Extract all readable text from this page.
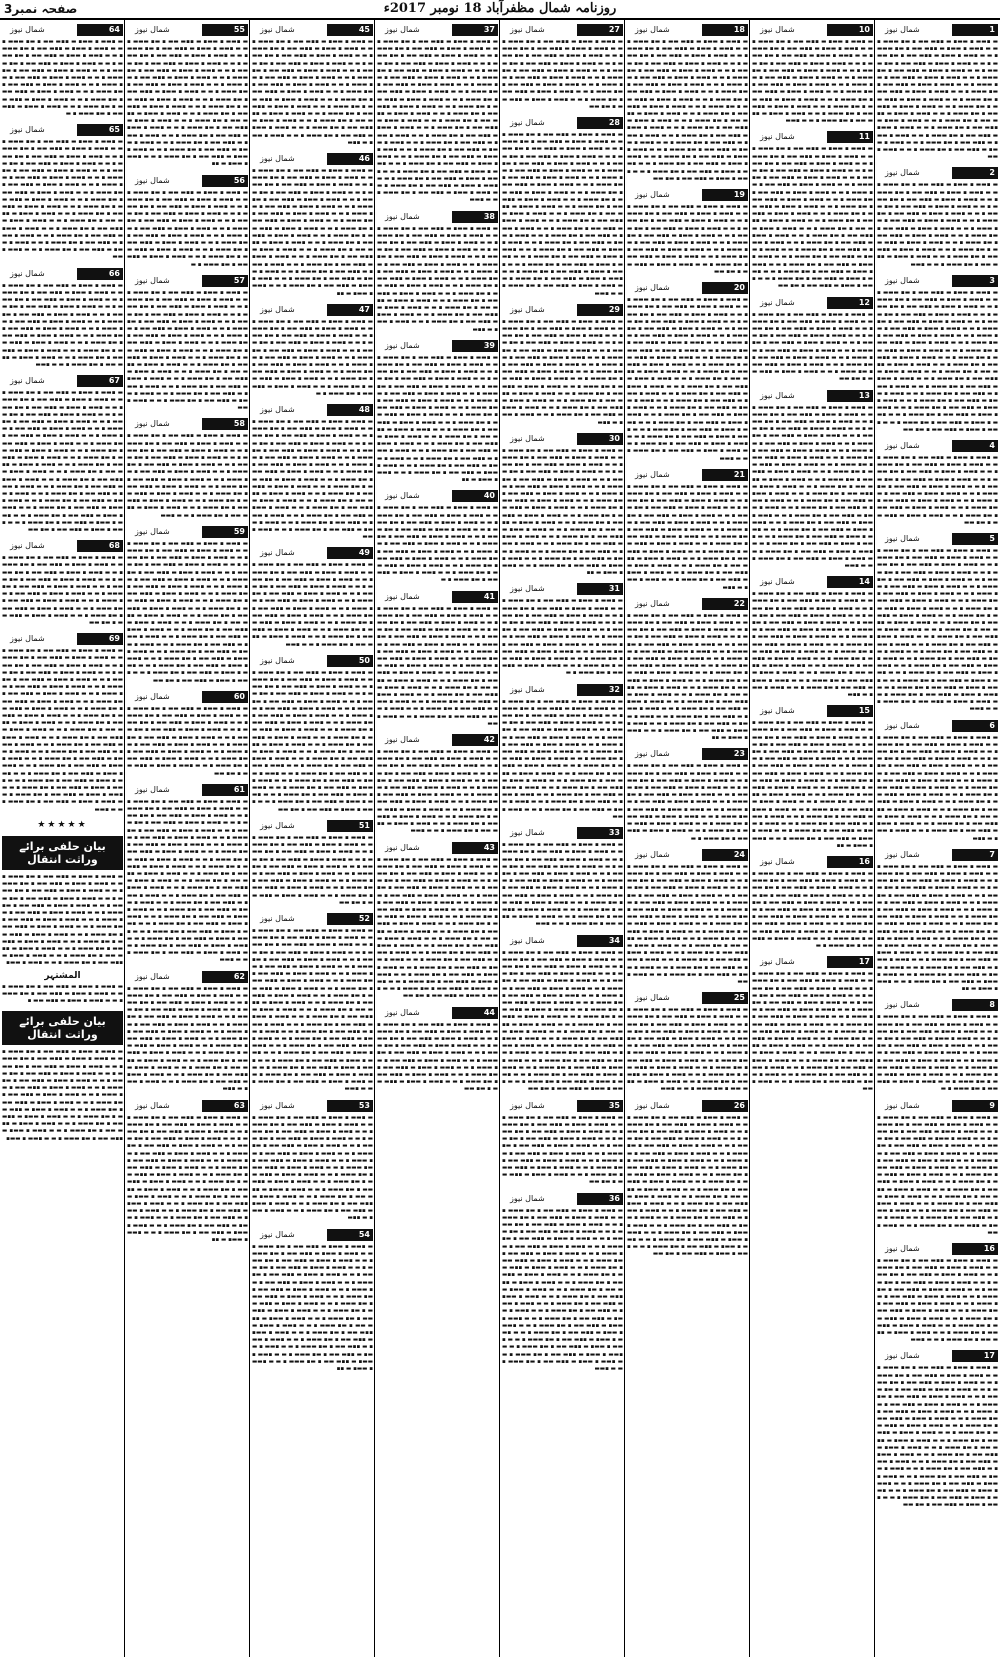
صفحہ نمبر3	روزنامہ شمال مظفرآباد 18 نومبر 2017ء
1
شمال نیوز
▬ ▪▬▬ ▪ ▬▬▪ ▬ ▪▪▬ ▬▬ ▪ ▬▪ ▬▬▬ ▪ ▬ ▬ ▪▬▬ ▪ ▬▬▪ ▬ ▪▪▬ ▬▬ ▪ ▬▪ ▬▬▬ ▪ ▬ ▬ ▪▬▬ ▪ ▬▬▪ ▬ ▪▪▬ ▬▬ ▪ ▬▪ ▬▬▬ ▪ ▬ ▬ ▪▬▬ ▪ ▬▬▪ ▬ ▪▪▬ ▬▬ ▪ ▬▪ ▬▬▬ ▪ ▬ ▬ ▪▬▬ ▪ ▬▬▪ ▬ ▪▪▬ ▬▬ ▪ ▬▪ ▬▬▬ ▪ ▬ ▬ ▪▬▬ ▪ ▬▬▪ ▬ ▪▪▬ ▬▬ ▪ ▬▪ ▬▬▬ ▪ ▬ ▬ ▪▬▬ ▪ ▬▬▪ ▬ ▪▪▬ ▬▬ ▪ ▬▪ ▬▬▬ ▪ ▬ ▬ ▪▬▬ ▪ ▬▬▪ ▬ ▪▪▬ ▬▬ ▪ ▬▪ ▬▬▬ ▪ ▬ ▬ ▪▬▬ ▪ ▬▬▪ ▬ ▪▪▬ ▬▬ ▪ ▬▪ ▬▬▬ ▪ ▬ ▬ ▪▬▬ ▪ ▬▬▪ ▬ ▪▪▬ ▬▬ ▪ ▬▪ ▬▬▬ ▪ ▬ ▬ ▪▬▬ ▪ ▬▬▪ ▬ ▪▪▬ ▬▬ ▪ ▬▪ ▬▬▬ ▪ ▬ ▬ ▪▬▬ ▪ ▬▬▪ ▬ ▪▪▬ ▬▬ ▪ ▬▪ ▬▬▬ ▪ ▬ ▬ ▪▬▬ ▪ ▬▬▪ ▬ ▪▪▬ ▬▬ ▪ ▬▪ ▬▬▬ ▪ ▬ ▬ ▪▬▬ ▪ ▬▬▪ ▬ ▪▪▬ ▬▬ ▪ ▬▪ ▬▬▬ ▪ ▬ ▬ ▪▬▬ ▪ ▬▬▪ ▬ ▪▪▬ ▬▬ ▪ ▬▪ ▬▬▬ ▪ ▬ ▬ ▪▬▬ ▪ ▬▬
2
شمال نیوز
▬ ▪▬▬ ▪ ▬▬▪ ▬ ▪▪▬ ▬▬ ▪ ▬▪ ▬▬▬ ▪ ▬ ▬ ▪▬▬ ▪ ▬▬▪ ▬ ▪▪▬ ▬▬ ▪ ▬▪ ▬▬▬ ▪ ▬ ▬ ▪▬▬ ▪ ▬▬▪ ▬ ▪▪▬ ▬▬ ▪ ▬▪ ▬▬▬ ▪ ▬ ▬ ▪▬▬ ▪ ▬▬▪ ▬ ▪▪▬ ▬▬ ▪ ▬▪ ▬▬▬ ▪ ▬ ▬ ▪▬▬ ▪ ▬▬▪ ▬ ▪▪▬ ▬▬ ▪ ▬▪ ▬▬▬ ▪ ▬ ▬ ▪▬▬ ▪ ▬▬▪ ▬ ▪▪▬ ▬▬ ▪ ▬▪ ▬▬▬ ▪ ▬ ▬ ▪▬▬ ▪ ▬▬▪ ▬ ▪▪▬ ▬▬ ▪ ▬▪ ▬▬▬ ▪ ▬ ▬ ▪▬▬ ▪ ▬▬▪ ▬ ▪▪▬ ▬▬ ▪ ▬▪ ▬▬▬ ▪ ▬ ▬ ▪▬▬ ▪ ▬▬▪ ▬ ▪▪▬ ▬▬ ▪ ▬▪ ▬▬▬ ▪ ▬ ▬ ▪▬▬ ▪ ▬▬▪ ▬ ▪▪▬ ▬▬ ▪ ▬▪ ▬▬▬ ▪ ▬ ▬ ▪▬▬ ▪ ▬▬▪ ▬ ▪▪▬ ▬▬ ▪ ▬▪ ▬▬▬ ▪ ▬ ▬ ▪▬▬
3
شمال نیوز
▬ ▪▬▬ ▪ ▬▬▪ ▬ ▪▪▬ ▬▬ ▪ ▬▪ ▬▬▬ ▪ ▬ ▬ ▪▬▬ ▪ ▬▬▪ ▬ ▪▪▬ ▬▬ ▪ ▬▪ ▬▬▬ ▪ ▬ ▬ ▪▬▬ ▪ ▬▬▪ ▬ ▪▪▬ ▬▬ ▪ ▬▪ ▬▬▬ ▪ ▬ ▬ ▪▬▬ ▪ ▬▬▪ ▬ ▪▪▬ ▬▬ ▪ ▬▪ ▬▬▬ ▪ ▬ ▬ ▪▬▬ ▪ ▬▬▪ ▬ ▪▪▬ ▬▬ ▪ ▬▪ ▬▬▬ ▪ ▬ ▬ ▪▬▬ ▪ ▬▬▪ ▬ ▪▪▬ ▬▬ ▪ ▬▪ ▬▬▬ ▪ ▬ ▬ ▪▬▬ ▪ ▬▬▪ ▬ ▪▪▬ ▬▬ ▪ ▬▪ ▬▬▬ ▪ ▬ ▬ ▪▬▬ ▪ ▬▬▪ ▬ ▪▪▬ ▬▬ ▪ ▬▪ ▬▬▬ ▪ ▬ ▬ ▪▬▬ ▪ ▬▬▪ ▬ ▪▪▬ ▬▬ ▪ ▬▪ ▬▬▬ ▪ ▬ ▬ ▪▬▬ ▪ ▬▬▪ ▬ ▪▪▬ ▬▬ ▪ ▬▪ ▬▬▬ ▪ ▬ ▬ ▪▬▬ ▪ ▬▬▪ ▬ ▪▪▬ ▬▬ ▪ ▬▪ ▬▬▬ ▪ ▬ ▬ ▪▬▬ ▪ ▬▬▪ ▬ ▪▪▬ ▬▬ ▪ ▬▪ ▬▬▬ ▪ ▬ ▬ ▪▬▬ ▪ ▬▬▪ ▬ ▪▪▬ ▬▬ ▪ ▬▪ ▬▬▬ ▪ ▬ ▬ ▪▬▬ ▪ ▬▬▪ ▬ ▪▪▬ ▬▬ ▪ ▬▪ ▬▬▬ ▪ ▬ ▬ ▪▬▬ ▪ ▬▬▪ ▬ ▪▪▬ ▬▬ ▪ ▬▪ ▬▬▬ ▪ ▬ ▬ ▪▬▬ ▪ ▬▬▪ ▬ ▪▪▬ ▬▬ ▪ ▬▪ ▬▬▬ ▪ ▬ ▬ ▪▬▬ ▪ ▬▬▪ ▬ ▪▪▬ ▬▬ ▪ ▬▪ ▬▬▬ ▪ ▬ ▬ ▪▬▬ ▪ ▬▬▪ ▬ ▪▪▬ ▬▬ ▪ ▬▪ ▬▬▬ ▪ ▬ ▬ ▪▬▬ ▪ ▬▬▪ ▬ ▪▪▬ ▬▬ ▪ ▬▪ ▬▬
4
شمال نیوز
▬ ▪▬▬ ▪ ▬▬▪ ▬ ▪▪▬ ▬▬ ▪ ▬▪ ▬▬▬ ▪ ▬ ▬ ▪▬▬ ▪ ▬▬▪ ▬ ▪▪▬ ▬▬ ▪ ▬▪ ▬▬▬ ▪ ▬ ▬ ▪▬▬ ▪ ▬▬▪ ▬ ▪▪▬ ▬▬ ▪ ▬▪ ▬▬▬ ▪ ▬ ▬ ▪▬▬ ▪ ▬▬▪ ▬ ▪▪▬ ▬▬ ▪ ▬▪ ▬▬▬ ▪ ▬ ▬ ▪▬▬ ▪ ▬▬▪ ▬ ▪▪▬ ▬▬ ▪ ▬▪ ▬▬▬ ▪ ▬ ▬ ▪▬▬ ▪ ▬▬▪ ▬ ▪▪▬ ▬▬ ▪ ▬▪ ▬▬▬ ▪ ▬ ▬ ▪▬▬ ▪ ▬▬▪ ▬ ▪▪▬ ▬▬ ▪ ▬▪ ▬▬▬ ▪ ▬ ▬ ▪▬▬ ▪ ▬▬▪ ▬ ▪▪▬ ▬▬ ▪ ▬▪ ▬▬▬ ▪ ▬ ▬ ▪▬▬ ▪ ▬▬▪ ▬ ▪▪▬ ▬▬ ▪ ▬▪ ▬▬
5
شمال نیوز
▬ ▪▬▬ ▪ ▬▬▪ ▬ ▪▪▬ ▬▬ ▪ ▬▪ ▬▬▬ ▪ ▬ ▬ ▪▬▬ ▪ ▬▬▪ ▬ ▪▪▬ ▬▬ ▪ ▬▪ ▬▬▬ ▪ ▬ ▬ ▪▬▬ ▪ ▬▬▪ ▬ ▪▪▬ ▬▬ ▪ ▬▪ ▬▬▬ ▪ ▬ ▬ ▪▬▬ ▪ ▬▬▪ ▬ ▪▪▬ ▬▬ ▪ ▬▪ ▬▬▬ ▪ ▬ ▬ ▪▬▬ ▪ ▬▬▪ ▬ ▪▪▬ ▬▬ ▪ ▬▪ ▬▬▬ ▪ ▬ ▬ ▪▬▬ ▪ ▬▬▪ ▬ ▪▪▬ ▬▬ ▪ ▬▪ ▬▬▬ ▪ ▬ ▬ ▪▬▬ ▪ ▬▬▪ ▬ ▪▪▬ ▬▬ ▪ ▬▪ ▬▬▬ ▪ ▬ ▬ ▪▬▬ ▪ ▬▬▪ ▬ ▪▪▬ ▬▬ ▪ ▬▪ ▬▬▬ ▪ ▬ ▬ ▪▬▬ ▪ ▬▬▪ ▬ ▪▪▬ ▬▬ ▪ ▬▪ ▬▬▬ ▪ ▬ ▬ ▪▬▬ ▪ ▬▬▪ ▬ ▪▪▬ ▬▬ ▪ ▬▪ ▬▬▬ ▪ ▬ ▬ ▪▬▬ ▪ ▬▬▪ ▬ ▪▪▬ ▬▬ ▪ ▬▪ ▬▬▬ ▪ ▬ ▬ ▪▬▬ ▪ ▬▬▪ ▬ ▪▪▬ ▬▬ ▪ ▬▪ ▬▬▬ ▪ ▬ ▬ ▪▬▬ ▪ ▬▬▪ ▬ ▪▪▬ ▬▬ ▪ ▬▪ ▬▬▬ ▪ ▬ ▬ ▪▬▬ ▪ ▬▬▪ ▬ ▪▪▬ ▬▬ ▪ ▬▪ ▬▬▬ ▪ ▬ ▬ ▪▬▬ ▪ ▬▬▪ ▬ ▪▪▬ ▬▬ ▪ ▬▪ ▬▬▬ ▪ ▬ ▬ ▪▬▬ ▪ ▬▬▪ ▬ ▪▪▬ ▬▬ ▪ ▬▪ ▬▬▬ ▪ ▬ ▬ ▪▬▬ ▪ ▬▬▪ ▬ ▪▪▬ ▬▬ ▪ ▬▪ ▬▬▬ ▪ ▬ ▬ ▪▬▬ ▪ ▬▬▪ ▬ ▪▪▬ ▬▬ ▪ ▬▪ ▬▬▬ ▪ ▬ ▬ ▪▬▬ ▪ ▬▬▪ ▬ ▪▪▬ ▬▬ ▪ ▬▪ ▬▬▬ ▪ ▬ ▬ ▪▬▬ ▪ ▬▬▪ ▬ ▪▪▬ ▬▬ ▪ ▬▪ ▬▬▬ ▪ ▬ ▬ ▪▬▬ ▪ ▬▬▪ ▬ ▪▪▬ ▬▬ ▪ ▬▪ ▬▬▬ ▪ ▬ ▬ ▪▬▬
6
شمال نیوز
▬ ▪▬▬ ▪ ▬▬▪ ▬ ▪▪▬ ▬▬ ▪ ▬▪ ▬▬▬ ▪ ▬ ▬ ▪▬▬ ▪ ▬▬▪ ▬ ▪▪▬ ▬▬ ▪ ▬▪ ▬▬▬ ▪ ▬ ▬ ▪▬▬ ▪ ▬▬▪ ▬ ▪▪▬ ▬▬ ▪ ▬▪ ▬▬▬ ▪ ▬ ▬ ▪▬▬ ▪ ▬▬▪ ▬ ▪▪▬ ▬▬ ▪ ▬▪ ▬▬▬ ▪ ▬ ▬ ▪▬▬ ▪ ▬▬▪ ▬ ▪▪▬ ▬▬ ▪ ▬▪ ▬▬▬ ▪ ▬ ▬ ▪▬▬ ▪ ▬▬▪ ▬ ▪▪▬ ▬▬ ▪ ▬▪ ▬▬▬ ▪ ▬ ▬ ▪▬▬ ▪ ▬▬▪ ▬ ▪▪▬ ▬▬ ▪ ▬▪ ▬▬▬ ▪ ▬ ▬ ▪▬▬ ▪ ▬▬▪ ▬ ▪▪▬ ▬▬ ▪ ▬▪ ▬▬▬ ▪ ▬ ▬ ▪▬▬ ▪ ▬▬▪ ▬ ▪▪▬ ▬▬ ▪ ▬▪ ▬▬▬ ▪ ▬ ▬ ▪▬▬ ▪ ▬▬▪ ▬ ▪▪▬ ▬▬ ▪ ▬▪ ▬▬▬ ▪ ▬ ▬ ▪▬▬ ▪ ▬▬▪ ▬ ▪▪▬ ▬▬ ▪ ▬▪ ▬▬▬ ▪ ▬ ▬ ▪▬▬ ▪ ▬▬▪ ▬ ▪▪▬ ▬▬ ▪ ▬▪ ▬▬▬ ▪ ▬ ▬ ▪▬▬ ▪ ▬▬▪ ▬ ▪▪▬ ▬▬ ▪ ▬▪ ▬▬▬ ▪ ▬ ▬ ▪▬▬ ▪ ▬▬▪ ▬ ▪▪▬
7
شمال نیوز
▬ ▪▬▬ ▪ ▬▬▪ ▬ ▪▪▬ ▬▬ ▪ ▬▪ ▬▬▬ ▪ ▬ ▬ ▪▬▬ ▪ ▬▬▪ ▬ ▪▪▬ ▬▬ ▪ ▬▪ ▬▬▬ ▪ ▬ ▬ ▪▬▬ ▪ ▬▬▪ ▬ ▪▪▬ ▬▬ ▪ ▬▪ ▬▬▬ ▪ ▬ ▬ ▪▬▬ ▪ ▬▬▪ ▬ ▪▪▬ ▬▬ ▪ ▬▪ ▬▬▬ ▪ ▬ ▬ ▪▬▬ ▪ ▬▬▪ ▬ ▪▪▬ ▬▬ ▪ ▬▪ ▬▬▬ ▪ ▬ ▬ ▪▬▬ ▪ ▬▬▪ ▬ ▪▪▬ ▬▬ ▪ ▬▪ ▬▬▬ ▪ ▬ ▬ ▪▬▬ ▪ ▬▬▪ ▬ ▪▪▬ ▬▬ ▪ ▬▪ ▬▬▬ ▪ ▬ ▬ ▪▬▬ ▪ ▬▬▪ ▬ ▪▪▬ ▬▬ ▪ ▬▪ ▬▬▬ ▪ ▬ ▬ ▪▬▬ ▪ ▬▬▪ ▬ ▪▪▬ ▬▬ ▪ ▬▪ ▬▬▬ ▪ ▬ ▬ ▪▬▬ ▪ ▬▬▪ ▬ ▪▪▬ ▬▬ ▪ ▬▪ ▬▬▬ ▪ ▬ ▬ ▪▬▬ ▪ ▬▬▪ ▬ ▪▪▬ ▬▬ ▪ ▬▪ ▬▬▬ ▪ ▬ ▬ ▪▬▬ ▪ ▬▬▪ ▬ ▪▪▬ ▬▬ ▪ ▬▪ ▬▬▬ ▪ ▬ ▬ ▪▬▬ ▪ ▬▬▪ ▬ ▪▪▬ ▬▬ ▪ ▬▪ ▬▬▬ ▪ ▬ ▬ ▪▬▬ ▪ ▬▬▪ ▬ ▪▪▬ ▬▬ ▪ ▬▪ ▬▬▬ ▪ ▬ ▬ ▪▬▬ ▪ ▬▬▪ ▬ ▪▪▬ ▬▬ ▪ ▬▪ ▬▬▬ ▪ ▬ ▬ ▪▬▬ ▪ ▬▬▪ ▬ ▪▪▬ ▬▬ ▪ ▬▪ ▬▬▬ ▪ ▬ ▬ ▪▬▬ ▪ ▬▬▪ ▬ ▪▪
8
شمال نیوز
▬ ▪▬▬ ▪ ▬▬▪ ▬ ▪▪▬ ▬▬ ▪ ▬▪ ▬▬▬ ▪ ▬ ▬ ▪▬▬ ▪ ▬▬▪ ▬ ▪▪▬ ▬▬ ▪ ▬▪ ▬▬▬ ▪ ▬ ▬ ▪▬▬ ▪ ▬▬▪ ▬ ▪▪▬ ▬▬ ▪ ▬▪ ▬▬▬ ▪ ▬ ▬ ▪▬▬ ▪ ▬▬▪ ▬ ▪▪▬ ▬▬ ▪ ▬▪ ▬▬▬ ▪ ▬ ▬ ▪▬▬ ▪ ▬▬▪ ▬ ▪▪▬ ▬▬ ▪ ▬▪ ▬▬▬ ▪ ▬ ▬ ▪▬▬ ▪ ▬▬▪ ▬ ▪▪▬ ▬▬ ▪ ▬▪ ▬▬▬ ▪ ▬ ▬ ▪▬▬ ▪ ▬▬▪ ▬ ▪▪▬ ▬▬ ▪ ▬▪ ▬▬▬ ▪ ▬ ▬ ▪▬▬ ▪ ▬▬▪ ▬ ▪▪▬ ▬▬ ▪ ▬▪ ▬▬▬ ▪ ▬ ▬ ▪▬▬ ▪ ▬▬▪ ▬ ▪▪▬ ▬▬ ▪ ▬▪ ▬▬▬ ▪ ▬ ▬ ▪▬▬ ▪ ▬▬▪ ▬ ▪▪▬ ▬▬ ▪ ▬▪ ▬▬▬ ▪ ▬
9
شمال نیوز
▬ ▪▬▬ ▪ ▬▬▪ ▬ ▪▪▬ ▬▬ ▪ ▬▪ ▬▬▬ ▪ ▬ ▬ ▪▬▬ ▪ ▬▬▪ ▬ ▪▪▬ ▬▬ ▪ ▬▪ ▬▬▬ ▪ ▬ ▬ ▪▬▬ ▪ ▬▬▪ ▬ ▪▪▬ ▬▬ ▪ ▬▪ ▬▬▬ ▪ ▬ ▬ ▪▬▬ ▪ ▬▬▪ ▬ ▪▪▬ ▬▬ ▪ ▬▪ ▬▬▬ ▪ ▬ ▬ ▪▬▬ ▪ ▬▬▪ ▬ ▪▪▬ ▬▬ ▪ ▬▪ ▬▬▬ ▪ ▬ ▬ ▪▬▬ ▪ ▬▬▪ ▬ ▪▪▬ ▬▬ ▪ ▬▪ ▬▬▬ ▪ ▬ ▬ ▪▬▬ ▪ ▬▬▪ ▬ ▪▪▬ ▬▬ ▪ ▬▪ ▬▬▬ ▪ ▬ ▬ ▪▬▬ ▪ ▬▬▪ ▬ ▪▪▬ ▬▬ ▪ ▬▪ ▬▬▬ ▪ ▬ ▬ ▪▬▬ ▪ ▬▬▪ ▬ ▪▪▬ ▬▬ ▪ ▬▪ ▬▬▬ ▪ ▬ ▬ ▪▬▬ ▪ ▬▬▪ ▬ ▪▪▬ ▬▬ ▪ ▬▪ ▬▬▬ ▪ ▬ ▬ ▪▬▬ ▪ ▬▬▪ ▬ ▪▪▬ ▬▬ ▪ ▬▪ ▬▬▬ ▪ ▬ ▬ ▪▬▬ ▪ ▬▬▪ ▬ ▪▪▬ ▬▬ ▪ ▬▪ ▬▬▬ ▪ ▬ ▬ ▪▬▬ ▪ ▬▬▪ ▬ ▪▪▬ ▬▬ ▪ ▬▪ ▬▬▬ ▪ ▬ ▬ ▪▬▬ ▪ ▬▬▪ ▬ ▪▪▬ ▬▬ ▪ ▬▪ ▬▬▬ ▪ ▬ ▬ ▪▬▬ ▪ ▬▬▪ ▬ ▪▪▬ ▬▬ ▪ ▬▪ ▬▬▬ ▪ ▬ ▬ ▪▬▬ ▪ ▬▬
16
شمال نیوز
▬ ▪▬▬ ▪ ▬▬▪ ▬ ▪▪▬ ▬▬ ▪ ▬▪ ▬▬▬ ▪ ▬ ▬ ▪▬▬ ▪ ▬▬▪ ▬ ▪▪▬ ▬▬ ▪ ▬▪ ▬▬▬ ▪ ▬ ▬ ▪▬▬ ▪ ▬▬▪ ▬ ▪▪▬ ▬▬ ▪ ▬▪ ▬▬▬ ▪ ▬ ▬ ▪▬▬ ▪ ▬▬▪ ▬ ▪▪▬ ▬▬ ▪ ▬▪ ▬▬▬ ▪ ▬ ▬ ▪▬▬ ▪ ▬▬▪ ▬ ▪▪▬ ▬▬ ▪ ▬▪ ▬▬▬ ▪ ▬ ▬ ▪▬▬ ▪ ▬▬▪ ▬ ▪▪▬ ▬▬ ▪ ▬▪ ▬▬▬ ▪ ▬ ▬ ▪▬▬ ▪ ▬▬▪ ▬ ▪▪▬ ▬▬ ▪ ▬▪ ▬▬▬ ▪ ▬ ▬ ▪▬▬ ▪ ▬▬▪ ▬ ▪▪▬ ▬▬ ▪ ▬▪ ▬▬▬ ▪ ▬ ▬ ▪▬▬ ▪ ▬▬▪ ▬ ▪▪▬ ▬▬ ▪ ▬▪ ▬▬▬ ▪ ▬ ▬ ▪▬▬ ▪ ▬▬▪ ▬ ▪▪▬ ▬▬ ▪ ▬▪ ▬▬▬ ▪ ▬ ▬ ▪▬▬ ▪ ▬▬▪ ▬ ▪▪▬ ▬▬ ▪ ▬▪ ▬▬▬ ▪ ▬ ▬ ▪▬▬
17
شمال نیوز
▬ ▪▬▬ ▪ ▬▬▪ ▬ ▪▪▬ ▬▬ ▪ ▬▪ ▬▬▬ ▪ ▬ ▬ ▪▬▬ ▪ ▬▬▪ ▬ ▪▪▬ ▬▬ ▪ ▬▪ ▬▬▬ ▪ ▬ ▬ ▪▬▬ ▪ ▬▬▪ ▬ ▪▪▬ ▬▬ ▪ ▬▪ ▬▬▬ ▪ ▬ ▬ ▪▬▬ ▪ ▬▬▪ ▬ ▪▪▬ ▬▬ ▪ ▬▪ ▬▬▬ ▪ ▬ ▬ ▪▬▬ ▪ ▬▬▪ ▬ ▪▪▬ ▬▬ ▪ ▬▪ ▬▬▬ ▪ ▬ ▬ ▪▬▬ ▪ ▬▬▪ ▬ ▪▪▬ ▬▬ ▪ ▬▪ ▬▬▬ ▪ ▬ ▬ ▪▬▬ ▪ ▬▬▪ ▬ ▪▪▬ ▬▬ ▪ ▬▪ ▬▬▬ ▪ ▬ ▬ ▪▬▬ ▪ ▬▬▪ ▬ ▪▪▬ ▬▬ ▪ ▬▪ ▬▬▬ ▪ ▬ ▬ ▪▬▬ ▪ ▬▬▪ ▬ ▪▪▬ ▬▬ ▪ ▬▪ ▬▬▬ ▪ ▬ ▬ ▪▬▬ ▪ ▬▬▪ ▬ ▪▪▬ ▬▬ ▪ ▬▪ ▬▬▬ ▪ ▬ ▬ ▪▬▬ ▪ ▬▬▪ ▬ ▪▪▬ ▬▬ ▪ ▬▪ ▬▬▬ ▪ ▬ ▬ ▪▬▬ ▪ ▬▬▪ ▬ ▪▪▬ ▬▬ ▪ ▬▪ ▬▬▬ ▪ ▬ ▬ ▪▬▬ ▪ ▬▬▪ ▬ ▪▪▬ ▬▬ ▪ ▬▪ ▬▬▬ ▪ ▬ ▬ ▪▬▬ ▪ ▬▬▪ ▬ ▪▪▬ ▬▬ ▪ ▬▪ ▬▬▬ ▪ ▬ ▬ ▪▬▬ ▪ ▬▬▪ ▬ ▪▪▬ ▬▬ ▪ ▬▪ ▬▬▬ ▪ ▬ ▬ ▪▬▬ ▪ ▬▬▪ ▬ ▪▪▬ ▬▬ ▪ ▬▪ ▬▬▬ ▪ ▬ ▬ ▪▬▬ ▪ ▬▬▪ ▬ ▪▪▬ ▬▬ ▪ ▬▪ ▬▬▬ ▪ ▬ ▬ ▪▬▬ ▪ ▬▬▪ ▬ ▪▪▬ ▬▬ ▪ ▬▪ ▬▬▬ ▪ ▬ ▬ ▪▬▬ ▪ ▬▬▪ ▬ ▪▪▬ ▬▬ ▪ ▬▪ ▬▬
10
شمال نیوز
▬ ▪▬▬ ▪ ▬▬▪ ▬ ▪▪▬ ▬▬ ▪ ▬▪ ▬▬▬ ▪ ▬ ▬ ▪▬▬ ▪ ▬▬▪ ▬ ▪▪▬ ▬▬ ▪ ▬▪ ▬▬▬ ▪ ▬ ▬ ▪▬▬ ▪ ▬▬▪ ▬ ▪▪▬ ▬▬ ▪ ▬▪ ▬▬▬ ▪ ▬ ▬ ▪▬▬ ▪ ▬▬▪ ▬ ▪▪▬ ▬▬ ▪ ▬▪ ▬▬▬ ▪ ▬ ▬ ▪▬▬ ▪ ▬▬▪ ▬ ▪▪▬ ▬▬ ▪ ▬▪ ▬▬▬ ▪ ▬ ▬ ▪▬▬ ▪ ▬▬▪ ▬ ▪▪▬ ▬▬ ▪ ▬▪ ▬▬▬ ▪ ▬ ▬ ▪▬▬ ▪ ▬▬▪ ▬ ▪▪▬ ▬▬ ▪ ▬▪ ▬▬▬ ▪ ▬ ▬ ▪▬▬ ▪ ▬▬▪ ▬ ▪▪▬ ▬▬ ▪ ▬▪ ▬▬▬ ▪ ▬ ▬ ▪▬▬ ▪ ▬▬▪ ▬ ▪▪▬ ▬▬ ▪ ▬▪ ▬▬▬ ▪ ▬ ▬ ▪▬▬ ▪ ▬▬▪ ▬ ▪▪▬ ▬▬ ▪ ▬▪ ▬▬▬ ▪ ▬ ▬ ▪▬▬ ▪ ▬▬▪ ▬ ▪▪▬ ▬▬ ▪ ▬▪ ▬▬▬ ▪ ▬ ▬ ▪▬▬
11
شمال نیوز
▬ ▪▬▬ ▪ ▬▬▪ ▬ ▪▪▬ ▬▬ ▪ ▬▪ ▬▬▬ ▪ ▬ ▬ ▪▬▬ ▪ ▬▬▪ ▬ ▪▪▬ ▬▬ ▪ ▬▪ ▬▬▬ ▪ ▬ ▬ ▪▬▬ ▪ ▬▬▪ ▬ ▪▪▬ ▬▬ ▪ ▬▪ ▬▬▬ ▪ ▬ ▬ ▪▬▬ ▪ ▬▬▪ ▬ ▪▪▬ ▬▬ ▪ ▬▪ ▬▬▬ ▪ ▬ ▬ ▪▬▬ ▪ ▬▬▪ ▬ ▪▪▬ ▬▬ ▪ ▬▪ ▬▬▬ ▪ ▬ ▬ ▪▬▬ ▪ ▬▬▪ ▬ ▪▪▬ ▬▬ ▪ ▬▪ ▬▬▬ ▪ ▬ ▬ ▪▬▬ ▪ ▬▬▪ ▬ ▪▪▬ ▬▬ ▪ ▬▪ ▬▬▬ ▪ ▬ ▬ ▪▬▬ ▪ ▬▬▪ ▬ ▪▪▬ ▬▬ ▪ ▬▪ ▬▬▬ ▪ ▬ ▬ ▪▬▬ ▪ ▬▬▪ ▬ ▪▪▬ ▬▬ ▪ ▬▪ ▬▬▬ ▪ ▬ ▬ ▪▬▬ ▪ ▬▬▪ ▬ ▪▪▬ ▬▬ ▪ ▬▪ ▬▬▬ ▪ ▬ ▬ ▪▬▬ ▪ ▬▬▪ ▬ ▪▪▬ ▬▬ ▪ ▬▪ ▬▬▬ ▪ ▬ ▬ ▪▬▬ ▪ ▬▬▪ ▬ ▪▪▬ ▬▬ ▪ ▬▪ ▬▬▬ ▪ ▬ ▬ ▪▬▬ ▪ ▬▬▪ ▬ ▪▪▬ ▬▬ ▪ ▬▪ ▬▬▬ ▪ ▬ ▬ ▪▬▬ ▪ ▬▬▪ ▬ ▪▪▬ ▬▬ ▪ ▬▪ ▬▬▬ ▪ ▬ ▬ ▪▬▬ ▪ ▬▬▪ ▬ ▪▪▬ ▬▬ ▪ ▬▪ ▬▬▬ ▪ ▬ ▬ ▪▬▬ ▪ ▬▬▪ ▬ ▪▪▬ ▬▬ ▪ ▬▪ ▬▬▬ ▪ ▬ ▬ ▪▬▬ ▪ ▬▬▪ ▬ ▪▪▬ ▬▬ ▪ ▬▪ ▬▬▬ ▪ ▬ ▬ ▪▬▬ ▪ ▬▬▪ ▬ ▪▪▬ ▬▬ ▪ ▬▪ ▬▬▬ ▪ ▬ ▬ ▪▬▬ ▪ ▬▬▪ ▬ ▪▪▬ ▬▬ ▪ ▬▪ ▬▬
12
شمال نیوز
▬ ▪▬▬ ▪ ▬▬▪ ▬ ▪▪▬ ▬▬ ▪ ▬▪ ▬▬▬ ▪ ▬ ▬ ▪▬▬ ▪ ▬▬▪ ▬ ▪▪▬ ▬▬ ▪ ▬▪ ▬▬▬ ▪ ▬ ▬ ▪▬▬ ▪ ▬▬▪ ▬ ▪▪▬ ▬▬ ▪ ▬▪ ▬▬▬ ▪ ▬ ▬ ▪▬▬ ▪ ▬▬▪ ▬ ▪▪▬ ▬▬ ▪ ▬▪ ▬▬▬ ▪ ▬ ▬ ▪▬▬ ▪ ▬▬▪ ▬ ▪▪▬ ▬▬ ▪ ▬▪ ▬▬▬ ▪ ▬ ▬ ▪▬▬ ▪ ▬▬▪ ▬ ▪▪▬ ▬▬ ▪ ▬▪ ▬▬▬ ▪ ▬ ▬ ▪▬▬ ▪ ▬▬▪ ▬ ▪▪▬ ▬▬ ▪ ▬▪ ▬▬▬ ▪ ▬ ▬ ▪▬▬ ▪ ▬▬▪ ▬ ▪▪▬ ▬▬ ▪ ▬▪ ▬▬▬ ▪ ▬ ▬ ▪▬▬ ▪ ▬▬▪ ▬ ▪▪▬ ▬▬ ▪ ▬▪ ▬▬
13
شمال نیوز
▬ ▪▬▬ ▪ ▬▬▪ ▬ ▪▪▬ ▬▬ ▪ ▬▪ ▬▬▬ ▪ ▬ ▬ ▪▬▬ ▪ ▬▬▪ ▬ ▪▪▬ ▬▬ ▪ ▬▪ ▬▬▬ ▪ ▬ ▬ ▪▬▬ ▪ ▬▬▪ ▬ ▪▪▬ ▬▬ ▪ ▬▪ ▬▬▬ ▪ ▬ ▬ ▪▬▬ ▪ ▬▬▪ ▬ ▪▪▬ ▬▬ ▪ ▬▪ ▬▬▬ ▪ ▬ ▬ ▪▬▬ ▪ ▬▬▪ ▬ ▪▪▬ ▬▬ ▪ ▬▪ ▬▬▬ ▪ ▬ ▬ ▪▬▬ ▪ ▬▬▪ ▬ ▪▪▬ ▬▬ ▪ ▬▪ ▬▬▬ ▪ ▬ ▬ ▪▬▬ ▪ ▬▬▪ ▬ ▪▪▬ ▬▬ ▪ ▬▪ ▬▬▬ ▪ ▬ ▬ ▪▬▬ ▪ ▬▬▪ ▬ ▪▪▬ ▬▬ ▪ ▬▪ ▬▬▬ ▪ ▬ ▬ ▪▬▬ ▪ ▬▬▪ ▬ ▪▪▬ ▬▬ ▪ ▬▪ ▬▬▬ ▪ ▬ ▬ ▪▬▬ ▪ ▬▬▪ ▬ ▪▪▬ ▬▬ ▪ ▬▪ ▬▬▬ ▪ ▬ ▬ ▪▬▬ ▪ ▬▬▪ ▬ ▪▪▬ ▬▬ ▪ ▬▪ ▬▬▬ ▪ ▬ ▬ ▪▬▬ ▪ ▬▬▪ ▬ ▪▪▬ ▬▬ ▪ ▬▪ ▬▬▬ ▪ ▬ ▬ ▪▬▬ ▪ ▬▬▪ ▬ ▪▪▬ ▬▬ ▪ ▬▪ ▬▬▬ ▪ ▬ ▬ ▪▬▬ ▪ ▬▬▪ ▬ ▪▪▬ ▬▬ ▪ ▬▪ ▬▬▬ ▪ ▬ ▬ ▪▬▬ ▪ ▬▬▪ ▬ ▪▪▬ ▬▬ ▪ ▬▪ ▬▬▬ ▪ ▬ ▬ ▪▬▬ ▪ ▬▬▪ ▬ ▪▪▬ ▬▬ ▪ ▬▪ ▬▬▬ ▪ ▬ ▬ ▪▬▬ ▪ ▬▬▪ ▬ ▪▪▬ ▬▬ ▪ ▬▪ ▬▬▬ ▪ ▬ ▬ ▪▬▬ ▪ ▬▬▪ ▬ ▪▪▬ ▬▬ ▪ ▬▪ ▬▬▬ ▪ ▬ ▬ ▪▬▬ ▪ ▬▬▪ ▬ ▪▪▬ ▬▬ ▪ ▬▪ ▬▬▬ ▪ ▬ ▬ ▪▬▬ ▪ ▬▬▪ ▬ ▪▪▬ ▬▬ ▪ ▬▪ ▬▬▬ ▪ ▬ ▬ ▪▬▬ ▪ ▬▬▪ ▬ ▪▪▬ ▬▬ ▪ ▬▪ ▬▬▬ ▪ ▬ ▬ ▪▬▬
14
شمال نیوز
▬ ▪▬▬ ▪ ▬▬▪ ▬ ▪▪▬ ▬▬ ▪ ▬▪ ▬▬▬ ▪ ▬ ▬ ▪▬▬ ▪ ▬▬▪ ▬ ▪▪▬ ▬▬ ▪ ▬▪ ▬▬▬ ▪ ▬ ▬ ▪▬▬ ▪ ▬▬▪ ▬ ▪▪▬ ▬▬ ▪ ▬▪ ▬▬▬ ▪ ▬ ▬ ▪▬▬ ▪ ▬▬▪ ▬ ▪▪▬ ▬▬ ▪ ▬▪ ▬▬▬ ▪ ▬ ▬ ▪▬▬ ▪ ▬▬▪ ▬ ▪▪▬ ▬▬ ▪ ▬▪ ▬▬▬ ▪ ▬ ▬ ▪▬▬ ▪ ▬▬▪ ▬ ▪▪▬ ▬▬ ▪ ▬▪ ▬▬▬ ▪ ▬ ▬ ▪▬▬ ▪ ▬▬▪ ▬ ▪▪▬ ▬▬ ▪ ▬▪ ▬▬▬ ▪ ▬ ▬ ▪▬▬ ▪ ▬▬▪ ▬ ▪▪▬ ▬▬ ▪ ▬▪ ▬▬▬ ▪ ▬ ▬ ▪▬▬ ▪ ▬▬▪ ▬ ▪▪▬ ▬▬ ▪ ▬▪ ▬▬▬ ▪ ▬ ▬ ▪▬▬ ▪ ▬▬▪ ▬ ▪▪▬ ▬▬ ▪ ▬▪ ▬▬▬ ▪ ▬ ▬ ▪▬▬ ▪ ▬▬▪ ▬ ▪▪▬ ▬▬ ▪ ▬▪ ▬▬▬ ▪ ▬ ▬ ▪▬▬ ▪ ▬▬▪ ▬ ▪▪▬ ▬▬ ▪ ▬▪ ▬▬▬ ▪ ▬ ▬ ▪▬▬ ▪ ▬▬▪ ▬ ▪▪▬ ▬▬ ▪ ▬▪ ▬▬▬ ▪ ▬ ▬ ▪▬▬ ▪ ▬▬▪ ▬ ▪▪▬
15
شمال نیوز
▬ ▪▬▬ ▪ ▬▬▪ ▬ ▪▪▬ ▬▬ ▪ ▬▪ ▬▬▬ ▪ ▬ ▬ ▪▬▬ ▪ ▬▬▪ ▬ ▪▪▬ ▬▬ ▪ ▬▪ ▬▬▬ ▪ ▬ ▬ ▪▬▬ ▪ ▬▬▪ ▬ ▪▪▬ ▬▬ ▪ ▬▪ ▬▬▬ ▪ ▬ ▬ ▪▬▬ ▪ ▬▬▪ ▬ ▪▪▬ ▬▬ ▪ ▬▪ ▬▬▬ ▪ ▬ ▬ ▪▬▬ ▪ ▬▬▪ ▬ ▪▪▬ ▬▬ ▪ ▬▪ ▬▬▬ ▪ ▬ ▬ ▪▬▬ ▪ ▬▬▪ ▬ ▪▪▬ ▬▬ ▪ ▬▪ ▬▬▬ ▪ ▬ ▬ ▪▬▬ ▪ ▬▬▪ ▬ ▪▪▬ ▬▬ ▪ ▬▪ ▬▬▬ ▪ ▬ ▬ ▪▬▬ ▪ ▬▬▪ ▬ ▪▪▬ ▬▬ ▪ ▬▪ ▬▬▬ ▪ ▬ ▬ ▪▬▬ ▪ ▬▬▪ ▬ ▪▪▬ ▬▬ ▪ ▬▪ ▬▬▬ ▪ ▬ ▬ ▪▬▬ ▪ ▬▬▪ ▬ ▪▪▬ ▬▬ ▪ ▬▪ ▬▬▬ ▪ ▬ ▬ ▪▬▬ ▪ ▬▬▪ ▬ ▪▪▬ ▬▬ ▪ ▬▪ ▬▬▬ ▪ ▬ ▬ ▪▬▬ ▪ ▬▬▪ ▬ ▪▪▬ ▬▬ ▪ ▬▪ ▬▬▬ ▪ ▬ ▬ ▪▬▬ ▪ ▬▬▪ ▬ ▪▪▬ ▬▬ ▪ ▬▪ ▬▬▬ ▪ ▬ ▬ ▪▬▬ ▪ ▬▬▪ ▬ ▪▪▬ ▬▬ ▪ ▬▪ ▬▬▬ ▪ ▬ ▬ ▪▬▬ ▪ ▬▬▪ ▬ ▪▪▬ ▬▬ ▪ ▬▪ ▬▬▬ ▪ ▬ ▬ ▪▬▬ ▪ ▬▬▪ ▬ ▪▪▬ ▬▬ ▪ ▬▪ ▬▬▬ ▪ ▬ ▬ ▪▬▬ ▪ ▬▬▪ ▬ ▪▪
16
شمال نیوز
▬ ▪▬▬ ▪ ▬▬▪ ▬ ▪▪▬ ▬▬ ▪ ▬▪ ▬▬▬ ▪ ▬ ▬ ▪▬▬ ▪ ▬▬▪ ▬ ▪▪▬ ▬▬ ▪ ▬▪ ▬▬▬ ▪ ▬ ▬ ▪▬▬ ▪ ▬▬▪ ▬ ▪▪▬ ▬▬ ▪ ▬▪ ▬▬▬ ▪ ▬ ▬ ▪▬▬ ▪ ▬▬▪ ▬ ▪▪▬ ▬▬ ▪ ▬▪ ▬▬▬ ▪ ▬ ▬ ▪▬▬ ▪ ▬▬▪ ▬ ▪▪▬ ▬▬ ▪ ▬▪ ▬▬▬ ▪ ▬ ▬ ▪▬▬ ▪ ▬▬▪ ▬ ▪▪▬ ▬▬ ▪ ▬▪ ▬▬▬ ▪ ▬ ▬ ▪▬▬ ▪ ▬▬▪ ▬ ▪▪▬ ▬▬ ▪ ▬▪ ▬▬▬ ▪ ▬ ▬ ▪▬▬ ▪ ▬▬▪ ▬ ▪▪▬ ▬▬ ▪ ▬▪ ▬▬▬ ▪ ▬ ▬ ▪▬▬ ▪ ▬▬▪ ▬ ▪▪▬ ▬▬ ▪ ▬▪ ▬▬▬ ▪ ▬ ▬ ▪▬▬ ▪ ▬▬▪ ▬ ▪▪▬ ▬▬ ▪ ▬▪ ▬▬▬ ▪ ▬
17
شمال نیوز
▬ ▪▬▬ ▪ ▬▬▪ ▬ ▪▪▬ ▬▬ ▪ ▬▪ ▬▬▬ ▪ ▬ ▬ ▪▬▬ ▪ ▬▬▪ ▬ ▪▪▬ ▬▬ ▪ ▬▪ ▬▬▬ ▪ ▬ ▬ ▪▬▬ ▪ ▬▬▪ ▬ ▪▪▬ ▬▬ ▪ ▬▪ ▬▬▬ ▪ ▬ ▬ ▪▬▬ ▪ ▬▬▪ ▬ ▪▪▬ ▬▬ ▪ ▬▪ ▬▬▬ ▪ ▬ ▬ ▪▬▬ ▪ ▬▬▪ ▬ ▪▪▬ ▬▬ ▪ ▬▪ ▬▬▬ ▪ ▬ ▬ ▪▬▬ ▪ ▬▬▪ ▬ ▪▪▬ ▬▬ ▪ ▬▪ ▬▬▬ ▪ ▬ ▬ ▪▬▬ ▪ ▬▬▪ ▬ ▪▪▬ ▬▬ ▪ ▬▪ ▬▬▬ ▪ ▬ ▬ ▪▬▬ ▪ ▬▬▪ ▬ ▪▪▬ ▬▬ ▪ ▬▪ ▬▬▬ ▪ ▬ ▬ ▪▬▬ ▪ ▬▬▪ ▬ ▪▪▬ ▬▬ ▪ ▬▪ ▬▬▬ ▪ ▬ ▬ ▪▬▬ ▪ ▬▬▪ ▬ ▪▪▬ ▬▬ ▪ ▬▪ ▬▬▬ ▪ ▬ ▬ ▪▬▬ ▪ ▬▬▪ ▬ ▪▪▬ ▬▬ ▪ ▬▪ ▬▬▬ ▪ ▬ ▬ ▪▬▬ ▪ ▬▬▪ ▬ ▪▪▬ ▬▬ ▪ ▬▪ ▬▬▬ ▪ ▬ ▬ ▪▬▬ ▪ ▬▬▪ ▬ ▪▪▬ ▬▬ ▪ ▬▪ ▬▬▬ ▪ ▬ ▬ ▪▬▬ ▪ ▬▬▪ ▬ ▪▪▬ ▬▬ ▪ ▬▪ ▬▬▬ ▪ ▬ ▬ ▪▬▬ ▪ ▬▬▪ ▬ ▪▪▬ ▬▬ ▪ ▬▪ ▬▬▬ ▪ ▬ ▬ ▪▬▬ ▪ ▬▬
18
شمال نیوز
▬ ▪▬▬ ▪ ▬▬▪ ▬ ▪▪▬ ▬▬ ▪ ▬▪ ▬▬▬ ▪ ▬ ▬ ▪▬▬ ▪ ▬▬▪ ▬ ▪▪▬ ▬▬ ▪ ▬▪ ▬▬▬ ▪ ▬ ▬ ▪▬▬ ▪ ▬▬▪ ▬ ▪▪▬ ▬▬ ▪ ▬▪ ▬▬▬ ▪ ▬ ▬ ▪▬▬ ▪ ▬▬▪ ▬ ▪▪▬ ▬▬ ▪ ▬▪ ▬▬▬ ▪ ▬ ▬ ▪▬▬ ▪ ▬▬▪ ▬ ▪▪▬ ▬▬ ▪ ▬▪ ▬▬▬ ▪ ▬ ▬ ▪▬▬ ▪ ▬▬▪ ▬ ▪▪▬ ▬▬ ▪ ▬▪ ▬▬▬ ▪ ▬ ▬ ▪▬▬ ▪ ▬▬▪ ▬ ▪▪▬ ▬▬ ▪ ▬▪ ▬▬▬ ▪ ▬ ▬ ▪▬▬ ▪ ▬▬▪ ▬ ▪▪▬ ▬▬ ▪ ▬▪ ▬▬▬ ▪ ▬ ▬ ▪▬▬ ▪ ▬▬▪ ▬ ▪▪▬ ▬▬ ▪ ▬▪ ▬▬▬ ▪ ▬ ▬ ▪▬▬ ▪ ▬▬▪ ▬ ▪▪▬ ▬▬ ▪ ▬▪ ▬▬▬ ▪ ▬ ▬ ▪▬▬ ▪ ▬▬▪ ▬ ▪▪▬ ▬▬ ▪ ▬▪ ▬▬▬ ▪ ▬ ▬ ▪▬▬ ▪ ▬▬▪ ▬ ▪▪▬ ▬▬ ▪ ▬▪ ▬▬▬ ▪ ▬ ▬ ▪▬▬ ▪ ▬▬▪ ▬ ▪▪▬ ▬▬ ▪ ▬▪ ▬▬▬ ▪ ▬ ▬ ▪▬▬ ▪ ▬▬▪ ▬ ▪▪▬ ▬▬ ▪ ▬▪ ▬▬▬ ▪ ▬ ▬ ▪▬▬ ▪ ▬▬▪ ▬ ▪▪▬ ▬▬ ▪ ▬▪ ▬▬▬ ▪ ▬ ▬ ▪▬▬ ▪ ▬▬▪ ▬ ▪▪▬ ▬▬ ▪ ▬▪ ▬▬▬ ▪ ▬ ▬ ▪▬▬ ▪ ▬▬▪ ▬ ▪▪▬ ▬▬ ▪ ▬▪ ▬▬▬ ▪ ▬ ▬ ▪▬▬ ▪ ▬▬▪ ▬ ▪▪▬ ▬▬ ▪ ▬▪ ▬▬▬ ▪ ▬ ▬ ▪▬▬ ▪ ▬▬▪ ▬ ▪▪▬ ▬▬ ▪ ▬▪ ▬▬
19
شمال نیوز
▬ ▪▬▬ ▪ ▬▬▪ ▬ ▪▪▬ ▬▬ ▪ ▬▪ ▬▬▬ ▪ ▬ ▬ ▪▬▬ ▪ ▬▬▪ ▬ ▪▪▬ ▬▬ ▪ ▬▪ ▬▬▬ ▪ ▬ ▬ ▪▬▬ ▪ ▬▬▪ ▬ ▪▪▬ ▬▬ ▪ ▬▪ ▬▬▬ ▪ ▬ ▬ ▪▬▬ ▪ ▬▬▪ ▬ ▪▪▬ ▬▬ ▪ ▬▪ ▬▬▬ ▪ ▬ ▬ ▪▬▬ ▪ ▬▬▪ ▬ ▪▪▬ ▬▬ ▪ ▬▪ ▬▬▬ ▪ ▬ ▬ ▪▬▬ ▪ ▬▬▪ ▬ ▪▪▬ ▬▬ ▪ ▬▪ ▬▬▬ ▪ ▬ ▬ ▪▬▬ ▪ ▬▬▪ ▬ ▪▪▬ ▬▬ ▪ ▬▪ ▬▬▬ ▪ ▬ ▬ ▪▬▬ ▪ ▬▬▪ ▬ ▪▪▬ ▬▬ ▪ ▬▪ ▬▬▬ ▪ ▬ ▬ ▪▬▬ ▪ ▬▬▪ ▬ ▪▪▬ ▬▬ ▪ ▬▪ ▬▬
20
شمال نیوز
▬ ▪▬▬ ▪ ▬▬▪ ▬ ▪▪▬ ▬▬ ▪ ▬▪ ▬▬▬ ▪ ▬ ▬ ▪▬▬ ▪ ▬▬▪ ▬ ▪▪▬ ▬▬ ▪ ▬▪ ▬▬▬ ▪ ▬ ▬ ▪▬▬ ▪ ▬▬▪ ▬ ▪▪▬ ▬▬ ▪ ▬▪ ▬▬▬ ▪ ▬ ▬ ▪▬▬ ▪ ▬▬▪ ▬ ▪▪▬ ▬▬ ▪ ▬▪ ▬▬▬ ▪ ▬ ▬ ▪▬▬ ▪ ▬▬▪ ▬ ▪▪▬ ▬▬ ▪ ▬▪ ▬▬▬ ▪ ▬ ▬ ▪▬▬ ▪ ▬▬▪ ▬ ▪▪▬ ▬▬ ▪ ▬▪ ▬▬▬ ▪ ▬ ▬ ▪▬▬ ▪ ▬▬▪ ▬ ▪▪▬ ▬▬ ▪ ▬▪ ▬▬▬ ▪ ▬ ▬ ▪▬▬ ▪ ▬▬▪ ▬ ▪▪▬ ▬▬ ▪ ▬▪ ▬▬▬ ▪ ▬ ▬ ▪▬▬ ▪ ▬▬▪ ▬ ▪▪▬ ▬▬ ▪ ▬▪ ▬▬▬ ▪ ▬ ▬ ▪▬▬ ▪ ▬▬▪ ▬ ▪▪▬ ▬▬ ▪ ▬▪ ▬▬▬ ▪ ▬ ▬ ▪▬▬ ▪ ▬▬▪ ▬ ▪▪▬ ▬▬ ▪ ▬▪ ▬▬▬ ▪ ▬ ▬ ▪▬▬ ▪ ▬▬▪ ▬ ▪▪▬ ▬▬ ▪ ▬▪ ▬▬▬ ▪ ▬ ▬ ▪▬▬ ▪ ▬▬▪ ▬ ▪▪▬ ▬▬ ▪ ▬▪ ▬▬▬ ▪ ▬ ▬ ▪▬▬ ▪ ▬▬▪ ▬ ▪▪▬ ▬▬ ▪ ▬▪ ▬▬▬ ▪ ▬ ▬ ▪▬▬ ▪ ▬▬▪ ▬ ▪▪▬ ▬▬ ▪ ▬▪ ▬▬▬ ▪ ▬ ▬ ▪▬▬ ▪ ▬▬▪ ▬ ▪▪▬ ▬▬ ▪ ▬▪ ▬▬▬ ▪ ▬ ▬ ▪▬▬ ▪ ▬▬▪ ▬ ▪▪▬ ▬▬ ▪ ▬▪ ▬▬▬ ▪ ▬ ▬ ▪▬▬ ▪ ▬▬▪ ▬ ▪▪▬ ▬▬ ▪ ▬▪ ▬▬▬ ▪ ▬ ▬ ▪▬▬ ▪ ▬▬▪ ▬ ▪▪▬ ▬▬ ▪ ▬▪ ▬▬▬ ▪ ▬ ▬ ▪▬▬ ▪ ▬▬▪ ▬ ▪▪▬ ▬▬ ▪ ▬▪ ▬▬▬ ▪ ▬ ▬ ▪▬▬ ▪ ▬▬▪ ▬ ▪▪▬ ▬▬ ▪ ▬▪ ▬▬▬ ▪ ▬ ▬ ▪▬▬
21
شمال نیوز
▬ ▪▬▬ ▪ ▬▬▪ ▬ ▪▪▬ ▬▬ ▪ ▬▪ ▬▬▬ ▪ ▬ ▬ ▪▬▬ ▪ ▬▬▪ ▬ ▪▪▬ ▬▬ ▪ ▬▪ ▬▬▬ ▪ ▬ ▬ ▪▬▬ ▪ ▬▬▪ ▬ ▪▪▬ ▬▬ ▪ ▬▪ ▬▬▬ ▪ ▬ ▬ ▪▬▬ ▪ ▬▬▪ ▬ ▪▪▬ ▬▬ ▪ ▬▪ ▬▬▬ ▪ ▬ ▬ ▪▬▬ ▪ ▬▬▪ ▬ ▪▪▬ ▬▬ ▪ ▬▪ ▬▬▬ ▪ ▬ ▬ ▪▬▬ ▪ ▬▬▪ ▬ ▪▪▬ ▬▬ ▪ ▬▪ ▬▬▬ ▪ ▬ ▬ ▪▬▬ ▪ ▬▬▪ ▬ ▪▪▬ ▬▬ ▪ ▬▪ ▬▬▬ ▪ ▬ ▬ ▪▬▬ ▪ ▬▬▪ ▬ ▪▪▬ ▬▬ ▪ ▬▪ ▬▬▬ ▪ ▬ ▬ ▪▬▬ ▪ ▬▬▪ ▬ ▪▪▬ ▬▬ ▪ ▬▪ ▬▬▬ ▪ ▬ ▬ ▪▬▬ ▪ ▬▬▪ ▬ ▪▪▬ ▬▬ ▪ ▬▪ ▬▬▬ ▪ ▬ ▬ ▪▬▬ ▪ ▬▬▪ ▬ ▪▪▬ ▬▬ ▪ ▬▪ ▬▬▬ ▪ ▬ ▬ ▪▬▬ ▪ ▬▬▪ ▬ ▪▪▬ ▬▬ ▪ ▬▪ ▬▬▬ ▪ ▬ ▬ ▪▬▬ ▪ ▬▬▪ ▬ ▪▪▬ ▬▬ ▪ ▬▪ ▬▬▬ ▪ ▬ ▬ ▪▬▬ ▪ ▬▬▪ ▬ ▪▪▬
22
شمال نیوز
▬ ▪▬▬ ▪ ▬▬▪ ▬ ▪▪▬ ▬▬ ▪ ▬▪ ▬▬▬ ▪ ▬ ▬ ▪▬▬ ▪ ▬▬▪ ▬ ▪▪▬ ▬▬ ▪ ▬▪ ▬▬▬ ▪ ▬ ▬ ▪▬▬ ▪ ▬▬▪ ▬ ▪▪▬ ▬▬ ▪ ▬▪ ▬▬▬ ▪ ▬ ▬ ▪▬▬ ▪ ▬▬▪ ▬ ▪▪▬ ▬▬ ▪ ▬▪ ▬▬▬ ▪ ▬ ▬ ▪▬▬ ▪ ▬▬▪ ▬ ▪▪▬ ▬▬ ▪ ▬▪ ▬▬▬ ▪ ▬ ▬ ▪▬▬ ▪ ▬▬▪ ▬ ▪▪▬ ▬▬ ▪ ▬▪ ▬▬▬ ▪ ▬ ▬ ▪▬▬ ▪ ▬▬▪ ▬ ▪▪▬ ▬▬ ▪ ▬▪ ▬▬▬ ▪ ▬ ▬ ▪▬▬ ▪ ▬▬▪ ▬ ▪▪▬ ▬▬ ▪ ▬▪ ▬▬▬ ▪ ▬ ▬ ▪▬▬ ▪ ▬▬▪ ▬ ▪▪▬ ▬▬ ▪ ▬▪ ▬▬▬ ▪ ▬ ▬ ▪▬▬ ▪ ▬▬▪ ▬ ▪▪▬ ▬▬ ▪ ▬▪ ▬▬▬ ▪ ▬ ▬ ▪▬▬ ▪ ▬▬▪ ▬ ▪▪▬ ▬▬ ▪ ▬▪ ▬▬▬ ▪ ▬ ▬ ▪▬▬ ▪ ▬▬▪ ▬ ▪▪▬ ▬▬ ▪ ▬▪ ▬▬▬ ▪ ▬ ▬ ▪▬▬ ▪ ▬▬▪ ▬ ▪▪▬ ▬▬ ▪ ▬▪ ▬▬▬ ▪ ▬ ▬ ▪▬▬ ▪ ▬▬▪ ▬ ▪▪▬ ▬▬ ▪ ▬▪ ▬▬▬ ▪ ▬ ▬ ▪▬▬ ▪ ▬▬▪ ▬ ▪▪▬ ▬▬ ▪ ▬▪ ▬▬▬ ▪ ▬ ▬ ▪▬▬ ▪ ▬▬▪ ▬ ▪▪▬ ▬▬ ▪ ▬▪ ▬▬▬ ▪ ▬ ▬ ▪▬▬ ▪ ▬▬▪ ▬ ▪▪
23
شمال نیوز
▬ ▪▬▬ ▪ ▬▬▪ ▬ ▪▪▬ ▬▬ ▪ ▬▪ ▬▬▬ ▪ ▬ ▬ ▪▬▬ ▪ ▬▬▪ ▬ ▪▪▬ ▬▬ ▪ ▬▪ ▬▬▬ ▪ ▬ ▬ ▪▬▬ ▪ ▬▬▪ ▬ ▪▪▬ ▬▬ ▪ ▬▪ ▬▬▬ ▪ ▬ ▬ ▪▬▬ ▪ ▬▬▪ ▬ ▪▪▬ ▬▬ ▪ ▬▪ ▬▬▬ ▪ ▬ ▬ ▪▬▬ ▪ ▬▬▪ ▬ ▪▪▬ ▬▬ ▪ ▬▪ ▬▬▬ ▪ ▬ ▬ ▪▬▬ ▪ ▬▬▪ ▬ ▪▪▬ ▬▬ ▪ ▬▪ ▬▬▬ ▪ ▬ ▬ ▪▬▬ ▪ ▬▬▪ ▬ ▪▪▬ ▬▬ ▪ ▬▪ ▬▬▬ ▪ ▬ ▬ ▪▬▬ ▪ ▬▬▪ ▬ ▪▪▬ ▬▬ ▪ ▬▪ ▬▬▬ ▪ ▬ ▬ ▪▬▬ ▪ ▬▬▪ ▬ ▪▪▬ ▬▬ ▪ ▬▪ ▬▬▬ ▪ ▬ ▬ ▪▬▬ ▪ ▬▬▪ ▬ ▪▪▬ ▬▬ ▪ ▬▪ ▬▬▬ ▪ ▬
24
شمال نیوز
▬ ▪▬▬ ▪ ▬▬▪ ▬ ▪▪▬ ▬▬ ▪ ▬▪ ▬▬▬ ▪ ▬ ▬ ▪▬▬ ▪ ▬▬▪ ▬ ▪▪▬ ▬▬ ▪ ▬▪ ▬▬▬ ▪ ▬ ▬ ▪▬▬ ▪ ▬▬▪ ▬ ▪▪▬ ▬▬ ▪ ▬▪ ▬▬▬ ▪ ▬ ▬ ▪▬▬ ▪ ▬▬▪ ▬ ▪▪▬ ▬▬ ▪ ▬▪ ▬▬▬ ▪ ▬ ▬ ▪▬▬ ▪ ▬▬▪ ▬ ▪▪▬ ▬▬ ▪ ▬▪ ▬▬▬ ▪ ▬ ▬ ▪▬▬ ▪ ▬▬▪ ▬ ▪▪▬ ▬▬ ▪ ▬▪ ▬▬▬ ▪ ▬ ▬ ▪▬▬ ▪ ▬▬▪ ▬ ▪▪▬ ▬▬ ▪ ▬▪ ▬▬▬ ▪ ▬ ▬ ▪▬▬ ▪ ▬▬▪ ▬ ▪▪▬ ▬▬ ▪ ▬▪ ▬▬▬ ▪ ▬ ▬ ▪▬▬ ▪ ▬▬▪ ▬ ▪▪▬ ▬▬ ▪ ▬▪ ▬▬▬ ▪ ▬ ▬ ▪▬▬ ▪ ▬▬▪ ▬ ▪▪▬ ▬▬ ▪ ▬▪ ▬▬▬ ▪ ▬ ▬ ▪▬▬ ▪ ▬▬▪ ▬ ▪▪▬ ▬▬ ▪ ▬▪ ▬▬▬ ▪ ▬ ▬ ▪▬▬ ▪ ▬▬▪ ▬ ▪▪▬ ▬▬ ▪ ▬▪ ▬▬▬ ▪ ▬ ▬ ▪▬▬ ▪ ▬▬▪ ▬ ▪▪▬ ▬▬ ▪ ▬▪ ▬▬▬ ▪ ▬ ▬ ▪▬▬ ▪ ▬▬▪ ▬ ▪▪▬ ▬▬ ▪ ▬▪ ▬▬▬ ▪ ▬ ▬ ▪▬▬ ▪ ▬▬▪ ▬ ▪▪▬ ▬▬ ▪ ▬▪ ▬▬▬ ▪ ▬ ▬ ▪▬▬ ▪ ▬▬
25
شمال نیوز
▬ ▪▬▬ ▪ ▬▬▪ ▬ ▪▪▬ ▬▬ ▪ ▬▪ ▬▬▬ ▪ ▬ ▬ ▪▬▬ ▪ ▬▬▪ ▬ ▪▪▬ ▬▬ ▪ ▬▪ ▬▬▬ ▪ ▬ ▬ ▪▬▬ ▪ ▬▬▪ ▬ ▪▪▬ ▬▬ ▪ ▬▪ ▬▬▬ ▪ ▬ ▬ ▪▬▬ ▪ ▬▬▪ ▬ ▪▪▬ ▬▬ ▪ ▬▪ ▬▬▬ ▪ ▬ ▬ ▪▬▬ ▪ ▬▬▪ ▬ ▪▪▬ ▬▬ ▪ ▬▪ ▬▬▬ ▪ ▬ ▬ ▪▬▬ ▪ ▬▬▪ ▬ ▪▪▬ ▬▬ ▪ ▬▪ ▬▬▬ ▪ ▬ ▬ ▪▬▬ ▪ ▬▬▪ ▬ ▪▪▬ ▬▬ ▪ ▬▪ ▬▬▬ ▪ ▬ ▬ ▪▬▬ ▪ ▬▬▪ ▬ ▪▪▬ ▬▬ ▪ ▬▪ ▬▬▬ ▪ ▬ ▬ ▪▬▬ ▪ ▬▬▪ ▬ ▪▪▬ ▬▬ ▪ ▬▪ ▬▬▬ ▪ ▬ ▬ ▪▬▬ ▪ ▬▬▪ ▬ ▪▪▬ ▬▬ ▪ ▬▪ ▬▬▬ ▪ ▬ ▬ ▪▬▬ ▪ ▬▬▪ ▬ ▪▪▬ ▬▬ ▪ ▬▪ ▬▬▬ ▪ ▬ ▬ ▪▬▬
26
شمال نیوز
▬ ▪▬▬ ▪ ▬▬▪ ▬ ▪▪▬ ▬▬ ▪ ▬▪ ▬▬▬ ▪ ▬ ▬ ▪▬▬ ▪ ▬▬▪ ▬ ▪▪▬ ▬▬ ▪ ▬▪ ▬▬▬ ▪ ▬ ▬ ▪▬▬ ▪ ▬▬▪ ▬ ▪▪▬ ▬▬ ▪ ▬▪ ▬▬▬ ▪ ▬ ▬ ▪▬▬ ▪ ▬▬▪ ▬ ▪▪▬ ▬▬ ▪ ▬▪ ▬▬▬ ▪ ▬ ▬ ▪▬▬ ▪ ▬▬▪ ▬ ▪▪▬ ▬▬ ▪ ▬▪ ▬▬▬ ▪ ▬ ▬ ▪▬▬ ▪ ▬▬▪ ▬ ▪▪▬ ▬▬ ▪ ▬▪ ▬▬▬ ▪ ▬ ▬ ▪▬▬ ▪ ▬▬▪ ▬ ▪▪▬ ▬▬ ▪ ▬▪ ▬▬▬ ▪ ▬ ▬ ▪▬▬ ▪ ▬▬▪ ▬ ▪▪▬ ▬▬ ▪ ▬▪ ▬▬▬ ▪ ▬ ▬ ▪▬▬ ▪ ▬▬▪ ▬ ▪▪▬ ▬▬ ▪ ▬▪ ▬▬▬ ▪ ▬ ▬ ▪▬▬ ▪ ▬▬▪ ▬ ▪▪▬ ▬▬ ▪ ▬▪ ▬▬▬ ▪ ▬ ▬ ▪▬▬ ▪ ▬▬▪ ▬ ▪▪▬ ▬▬ ▪ ▬▪ ▬▬▬ ▪ ▬ ▬ ▪▬▬ ▪ ▬▬▪ ▬ ▪▪▬ ▬▬ ▪ ▬▪ ▬▬▬ ▪ ▬ ▬ ▪▬▬ ▪ ▬▬▪ ▬ ▪▪▬ ▬▬ ▪ ▬▪ ▬▬▬ ▪ ▬ ▬ ▪▬▬ ▪ ▬▬▪ ▬ ▪▪▬ ▬▬ ▪ ▬▪ ▬▬▬ ▪ ▬ ▬ ▪▬▬ ▪ ▬▬▪ ▬ ▪▪▬ ▬▬ ▪ ▬▪ ▬▬▬ ▪ ▬ ▬ ▪▬▬ ▪ ▬▬▪ ▬ ▪▪▬ ▬▬ ▪ ▬▪ ▬▬▬ ▪ ▬ ▬ ▪▬▬ ▪ ▬▬▪ ▬ ▪▪▬ ▬▬ ▪ ▬▪ ▬▬▬ ▪ ▬ ▬ ▪▬▬ ▪ ▬▬▪ ▬ ▪▪▬ ▬▬ ▪ ▬▪ ▬▬▬ ▪ ▬ ▬ ▪▬▬ ▪ ▬▬▪ ▬ ▪▪▬ ▬▬ ▪ ▬▪ ▬▬
27
شمال نیوز
▬ ▪▬▬ ▪ ▬▬▪ ▬ ▪▪▬ ▬▬ ▪ ▬▪ ▬▬▬ ▪ ▬ ▬ ▪▬▬ ▪ ▬▬▪ ▬ ▪▪▬ ▬▬ ▪ ▬▪ ▬▬▬ ▪ ▬ ▬ ▪▬▬ ▪ ▬▬▪ ▬ ▪▪▬ ▬▬ ▪ ▬▪ ▬▬▬ ▪ ▬ ▬ ▪▬▬ ▪ ▬▬▪ ▬ ▪▪▬ ▬▬ ▪ ▬▪ ▬▬▬ ▪ ▬ ▬ ▪▬▬ ▪ ▬▬▪ ▬ ▪▪▬ ▬▬ ▪ ▬▪ ▬▬▬ ▪ ▬ ▬ ▪▬▬ ▪ ▬▬▪ ▬ ▪▪▬ ▬▬ ▪ ▬▪ ▬▬▬ ▪ ▬ ▬ ▪▬▬ ▪ ▬▬▪ ▬ ▪▪▬ ▬▬ ▪ ▬▪ ▬▬▬ ▪ ▬ ▬ ▪▬▬ ▪ ▬▬▪ ▬ ▪▪▬ ▬▬ ▪ ▬▪ ▬▬▬ ▪ ▬ ▬ ▪▬▬ ▪ ▬▬▪ ▬ ▪▪▬ ▬▬ ▪ ▬▪ ▬▬
28
شمال نیوز
▬ ▪▬▬ ▪ ▬▬▪ ▬ ▪▪▬ ▬▬ ▪ ▬▪ ▬▬▬ ▪ ▬ ▬ ▪▬▬ ▪ ▬▬▪ ▬ ▪▪▬ ▬▬ ▪ ▬▪ ▬▬▬ ▪ ▬ ▬ ▪▬▬ ▪ ▬▬▪ ▬ ▪▪▬ ▬▬ ▪ ▬▪ ▬▬▬ ▪ ▬ ▬ ▪▬▬ ▪ ▬▬▪ ▬ ▪▪▬ ▬▬ ▪ ▬▪ ▬▬▬ ▪ ▬ ▬ ▪▬▬ ▪ ▬▬▪ ▬ ▪▪▬ ▬▬ ▪ ▬▪ ▬▬▬ ▪ ▬ ▬ ▪▬▬ ▪ ▬▬▪ ▬ ▪▪▬ ▬▬ ▪ ▬▪ ▬▬▬ ▪ ▬ ▬ ▪▬▬ ▪ ▬▬▪ ▬ ▪▪▬ ▬▬ ▪ ▬▪ ▬▬▬ ▪ ▬ ▬ ▪▬▬ ▪ ▬▬▪ ▬ ▪▪▬ ▬▬ ▪ ▬▪ ▬▬▬ ▪ ▬ ▬ ▪▬▬ ▪ ▬▬▪ ▬ ▪▪▬ ▬▬ ▪ ▬▪ ▬▬▬ ▪ ▬ ▬ ▪▬▬ ▪ ▬▬▪ ▬ ▪▪▬ ▬▬ ▪ ▬▪ ▬▬▬ ▪ ▬ ▬ ▪▬▬ ▪ ▬▬▪ ▬ ▪▪▬ ▬▬ ▪ ▬▪ ▬▬▬ ▪ ▬ ▬ ▪▬▬ ▪ ▬▬▪ ▬ ▪▪▬ ▬▬ ▪ ▬▪ ▬▬▬ ▪ ▬ ▬ ▪▬▬ ▪ ▬▬▪ ▬ ▪▪▬ ▬▬ ▪ ▬▪ ▬▬▬ ▪ ▬ ▬ ▪▬▬ ▪ ▬▬▪ ▬ ▪▪▬ ▬▬ ▪ ▬▪ ▬▬▬ ▪ ▬ ▬ ▪▬▬ ▪ ▬▬▪ ▬ ▪▪▬ ▬▬ ▪ ▬▪ ▬▬▬ ▪ ▬ ▬ ▪▬▬ ▪ ▬▬▪ ▬ ▪▪▬ ▬▬ ▪ ▬▪ ▬▬▬ ▪ ▬ ▬ ▪▬▬ ▪ ▬▬▪ ▬ ▪▪▬ ▬▬ ▪ ▬▪ ▬▬▬ ▪ ▬ ▬ ▪▬▬ ▪ ▬▬▪ ▬ ▪▪▬ ▬▬ ▪ ▬▪ ▬▬▬ ▪ ▬ ▬ ▪▬▬ ▪ ▬▬▪ ▬ ▪▪▬ ▬▬ ▪ ▬▪ ▬▬▬ ▪ ▬ ▬ ▪▬▬ ▪ ▬▬▪ ▬ ▪▪▬ ▬▬ ▪ ▬▪ ▬▬▬ ▪ ▬ ▬ ▪▬▬ ▪ ▬▬▪ ▬ ▪▪▬ ▬▬ ▪ ▬▪ ▬▬▬ ▪ ▬ ▬ ▪▬▬
29
شمال نیوز
▬ ▪▬▬ ▪ ▬▬▪ ▬ ▪▪▬ ▬▬ ▪ ▬▪ ▬▬▬ ▪ ▬ ▬ ▪▬▬ ▪ ▬▬▪ ▬ ▪▪▬ ▬▬ ▪ ▬▪ ▬▬▬ ▪ ▬ ▬ ▪▬▬ ▪ ▬▬▪ ▬ ▪▪▬ ▬▬ ▪ ▬▪ ▬▬▬ ▪ ▬ ▬ ▪▬▬ ▪ ▬▬▪ ▬ ▪▪▬ ▬▬ ▪ ▬▪ ▬▬▬ ▪ ▬ ▬ ▪▬▬ ▪ ▬▬▪ ▬ ▪▪▬ ▬▬ ▪ ▬▪ ▬▬▬ ▪ ▬ ▬ ▪▬▬ ▪ ▬▬▪ ▬ ▪▪▬ ▬▬ ▪ ▬▪ ▬▬▬ ▪ ▬ ▬ ▪▬▬ ▪ ▬▬▪ ▬ ▪▪▬ ▬▬ ▪ ▬▪ ▬▬▬ ▪ ▬ ▬ ▪▬▬ ▪ ▬▬▪ ▬ ▪▪▬ ▬▬ ▪ ▬▪ ▬▬▬ ▪ ▬ ▬ ▪▬▬ ▪ ▬▬▪ ▬ ▪▪▬ ▬▬ ▪ ▬▪ ▬▬▬ ▪ ▬ ▬ ▪▬▬ ▪ ▬▬▪ ▬ ▪▪▬ ▬▬ ▪ ▬▪ ▬▬▬ ▪ ▬ ▬ ▪▬▬ ▪ ▬▬▪ ▬ ▪▪▬ ▬▬ ▪ ▬▪ ▬▬▬ ▪ ▬ ▬ ▪▬▬ ▪ ▬▬▪ ▬ ▪▪▬ ▬▬ ▪ ▬▪ ▬▬▬ ▪ ▬ ▬ ▪▬▬ ▪ ▬▬▪ ▬ ▪▪▬ ▬▬ ▪ ▬▪ ▬▬▬ ▪ ▬ ▬ ▪▬▬ ▪ ▬▬▪ ▬ ▪▪▬
30
شمال نیوز
▬ ▪▬▬ ▪ ▬▬▪ ▬ ▪▪▬ ▬▬ ▪ ▬▪ ▬▬▬ ▪ ▬ ▬ ▪▬▬ ▪ ▬▬▪ ▬ ▪▪▬ ▬▬ ▪ ▬▪ ▬▬▬ ▪ ▬ ▬ ▪▬▬ ▪ ▬▬▪ ▬ ▪▪▬ ▬▬ ▪ ▬▪ ▬▬▬ ▪ ▬ ▬ ▪▬▬ ▪ ▬▬▪ ▬ ▪▪▬ ▬▬ ▪ ▬▪ ▬▬▬ ▪ ▬ ▬ ▪▬▬ ▪ ▬▬▪ ▬ ▪▪▬ ▬▬ ▪ ▬▪ ▬▬▬ ▪ ▬ ▬ ▪▬▬ ▪ ▬▬▪ ▬ ▪▪▬ ▬▬ ▪ ▬▪ ▬▬▬ ▪ ▬ ▬ ▪▬▬ ▪ ▬▬▪ ▬ ▪▪▬ ▬▬ ▪ ▬▪ ▬▬▬ ▪ ▬ ▬ ▪▬▬ ▪ ▬▬▪ ▬ ▪▪▬ ▬▬ ▪ ▬▪ ▬▬▬ ▪ ▬ ▬ ▪▬▬ ▪ ▬▬▪ ▬ ▪▪▬ ▬▬ ▪ ▬▪ ▬▬▬ ▪ ▬ ▬ ▪▬▬ ▪ ▬▬▪ ▬ ▪▪▬ ▬▬ ▪ ▬▪ ▬▬▬ ▪ ▬ ▬ ▪▬▬ ▪ ▬▬▪ ▬ ▪▪▬ ▬▬ ▪ ▬▪ ▬▬▬ ▪ ▬ ▬ ▪▬▬ ▪ ▬▬▪ ▬ ▪▪▬ ▬▬ ▪ ▬▪ ▬▬▬ ▪ ▬ ▬ ▪▬▬ ▪ ▬▬▪ ▬ ▪▪▬ ▬▬ ▪ ▬▪ ▬▬▬ ▪ ▬ ▬ ▪▬▬ ▪ ▬▬▪ ▬ ▪▪▬ ▬▬ ▪ ▬▪ ▬▬▬ ▪ ▬ ▬ ▪▬▬ ▪ ▬▬▪ ▬ ▪▪▬ ▬▬ ▪ ▬▪ ▬▬▬ ▪ ▬ ▬ ▪▬▬ ▪ ▬▬▪ ▬ ▪▪▬ ▬▬ ▪ ▬▪ ▬▬▬ ▪ ▬ ▬ ▪▬▬ ▪ ▬▬▪ ▬ ▪▪
31
شمال نیوز
▬ ▪▬▬ ▪ ▬▬▪ ▬ ▪▪▬ ▬▬ ▪ ▬▪ ▬▬▬ ▪ ▬ ▬ ▪▬▬ ▪ ▬▬▪ ▬ ▪▪▬ ▬▬ ▪ ▬▪ ▬▬▬ ▪ ▬ ▬ ▪▬▬ ▪ ▬▬▪ ▬ ▪▪▬ ▬▬ ▪ ▬▪ ▬▬▬ ▪ ▬ ▬ ▪▬▬ ▪ ▬▬▪ ▬ ▪▪▬ ▬▬ ▪ ▬▪ ▬▬▬ ▪ ▬ ▬ ▪▬▬ ▪ ▬▬▪ ▬ ▪▪▬ ▬▬ ▪ ▬▪ ▬▬▬ ▪ ▬ ▬ ▪▬▬ ▪ ▬▬▪ ▬ ▪▪▬ ▬▬ ▪ ▬▪ ▬▬▬ ▪ ▬ ▬ ▪▬▬ ▪ ▬▬▪ ▬ ▪▪▬ ▬▬ ▪ ▬▪ ▬▬▬ ▪ ▬ ▬ ▪▬▬ ▪ ▬▬▪ ▬ ▪▪▬ ▬▬ ▪ ▬▪ ▬▬▬ ▪ ▬ ▬ ▪▬▬ ▪ ▬▬▪ ▬ ▪▪▬ ▬▬ ▪ ▬▪ ▬▬▬ ▪ ▬ ▬ ▪▬▬ ▪ ▬▬▪ ▬ ▪▪▬ ▬▬ ▪ ▬▪ ▬▬▬ ▪ ▬
32
شمال نیوز
▬ ▪▬▬ ▪ ▬▬▪ ▬ ▪▪▬ ▬▬ ▪ ▬▪ ▬▬▬ ▪ ▬ ▬ ▪▬▬ ▪ ▬▬▪ ▬ ▪▪▬ ▬▬ ▪ ▬▪ ▬▬▬ ▪ ▬ ▬ ▪▬▬ ▪ ▬▬▪ ▬ ▪▪▬ ▬▬ ▪ ▬▪ ▬▬▬ ▪ ▬ ▬ ▪▬▬ ▪ ▬▬▪ ▬ ▪▪▬ ▬▬ ▪ ▬▪ ▬▬▬ ▪ ▬ ▬ ▪▬▬ ▪ ▬▬▪ ▬ ▪▪▬ ▬▬ ▪ ▬▪ ▬▬▬ ▪ ▬ ▬ ▪▬▬ ▪ ▬▬▪ ▬ ▪▪▬ ▬▬ ▪ ▬▪ ▬▬▬ ▪ ▬ ▬ ▪▬▬ ▪ ▬▬▪ ▬ ▪▪▬ ▬▬ ▪ ▬▪ ▬▬▬ ▪ ▬ ▬ ▪▬▬ ▪ ▬▬▪ ▬ ▪▪▬ ▬▬ ▪ ▬▪ ▬▬▬ ▪ ▬ ▬ ▪▬▬ ▪ ▬▬▪ ▬ ▪▪▬ ▬▬ ▪ ▬▪ ▬▬▬ ▪ ▬ ▬ ▪▬▬ ▪ ▬▬▪ ▬ ▪▪▬ ▬▬ ▪ ▬▪ ▬▬▬ ▪ ▬ ▬ ▪▬▬ ▪ ▬▬▪ ▬ ▪▪▬ ▬▬ ▪ ▬▪ ▬▬▬ ▪ ▬ ▬ ▪▬▬ ▪ ▬▬▪ ▬ ▪▪▬ ▬▬ ▪ ▬▪ ▬▬▬ ▪ ▬ ▬ ▪▬▬ ▪ ▬▬▪ ▬ ▪▪▬ ▬▬ ▪ ▬▪ ▬▬▬ ▪ ▬ ▬ ▪▬▬ ▪ ▬▬▪ ▬ ▪▪▬ ▬▬ ▪ ▬▪ ▬▬▬ ▪ ▬ ▬ ▪▬▬ ▪ ▬▬▪ ▬ ▪▪▬ ▬▬ ▪ ▬▪ ▬▬▬ ▪ ▬ ▬ ▪▬▬ ▪ ▬▬
33
شمال نیوز
▬ ▪▬▬ ▪ ▬▬▪ ▬ ▪▪▬ ▬▬ ▪ ▬▪ ▬▬▬ ▪ ▬ ▬ ▪▬▬ ▪ ▬▬▪ ▬ ▪▪▬ ▬▬ ▪ ▬▪ ▬▬▬ ▪ ▬ ▬ ▪▬▬ ▪ ▬▬▪ ▬ ▪▪▬ ▬▬ ▪ ▬▪ ▬▬▬ ▪ ▬ ▬ ▪▬▬ ▪ ▬▬▪ ▬ ▪▪▬ ▬▬ ▪ ▬▪ ▬▬▬ ▪ ▬ ▬ ▪▬▬ ▪ ▬▬▪ ▬ ▪▪▬ ▬▬ ▪ ▬▪ ▬▬▬ ▪ ▬ ▬ ▪▬▬ ▪ ▬▬▪ ▬ ▪▪▬ ▬▬ ▪ ▬▪ ▬▬▬ ▪ ▬ ▬ ▪▬▬ ▪ ▬▬▪ ▬ ▪▪▬ ▬▬ ▪ ▬▪ ▬▬▬ ▪ ▬ ▬ ▪▬▬ ▪ ▬▬▪ ▬ ▪▪▬ ▬▬ ▪ ▬▪ ▬▬▬ ▪ ▬ ▬ ▪▬▬ ▪ ▬▬▪ ▬ ▪▪▬ ▬▬ ▪ ▬▪ ▬▬▬ ▪ ▬ ▬ ▪▬▬ ▪ ▬▬▪ ▬ ▪▪▬ ▬▬ ▪ ▬▪ ▬▬▬ ▪ ▬ ▬ ▪▬▬ ▪ ▬▬▪ ▬ ▪▪▬ ▬▬ ▪ ▬▪ ▬▬▬ ▪ ▬ ▬ ▪▬▬
34
شمال نیوز
▬ ▪▬▬ ▪ ▬▬▪ ▬ ▪▪▬ ▬▬ ▪ ▬▪ ▬▬▬ ▪ ▬ ▬ ▪▬▬ ▪ ▬▬▪ ▬ ▪▪▬ ▬▬ ▪ ▬▪ ▬▬▬ ▪ ▬ ▬ ▪▬▬ ▪ ▬▬▪ ▬ ▪▪▬ ▬▬ ▪ ▬▪ ▬▬▬ ▪ ▬ ▬ ▪▬▬ ▪ ▬▬▪ ▬ ▪▪▬ ▬▬ ▪ ▬▪ ▬▬▬ ▪ ▬ ▬ ▪▬▬ ▪ ▬▬▪ ▬ ▪▪▬ ▬▬ ▪ ▬▪ ▬▬▬ ▪ ▬ ▬ ▪▬▬ ▪ ▬▬▪ ▬ ▪▪▬ ▬▬ ▪ ▬▪ ▬▬▬ ▪ ▬ ▬ ▪▬▬ ▪ ▬▬▪ ▬ ▪▪▬ ▬▬ ▪ ▬▪ ▬▬▬ ▪ ▬ ▬ ▪▬▬ ▪ ▬▬▪ ▬ ▪▪▬ ▬▬ ▪ ▬▪ ▬▬▬ ▪ ▬ ▬ ▪▬▬ ▪ ▬▬▪ ▬ ▪▪▬ ▬▬ ▪ ▬▪ ▬▬▬ ▪ ▬ ▬ ▪▬▬ ▪ ▬▬▪ ▬ ▪▪▬ ▬▬ ▪ ▬▪ ▬▬▬ ▪ ▬ ▬ ▪▬▬ ▪ ▬▬▪ ▬ ▪▪▬ ▬▬ ▪ ▬▪ ▬▬▬ ▪ ▬ ▬ ▪▬▬ ▪ ▬▬▪ ▬ ▪▪▬ ▬▬ ▪ ▬▪ ▬▬▬ ▪ ▬ ▬ ▪▬▬ ▪ ▬▬▪ ▬ ▪▪▬ ▬▬ ▪ ▬▪ ▬▬▬ ▪ ▬ ▬ ▪▬▬ ▪ ▬▬▪ ▬ ▪▪▬ ▬▬ ▪ ▬▪ ▬▬▬ ▪ ▬ ▬ ▪▬▬ ▪ ▬▬▪ ▬ ▪▪▬ ▬▬ ▪ ▬▪ ▬▬▬ ▪ ▬ ▬ ▪▬▬ ▪ ▬▬▪ ▬ ▪▪▬ ▬▬ ▪ ▬▪ ▬▬▬ ▪ ▬ ▬ ▪▬▬ ▪ ▬▬▪ ▬ ▪▪▬ ▬▬ ▪ ▬▪ ▬▬▬ ▪ ▬ ▬ ▪▬▬ ▪ ▬▬▪ ▬ ▪▪▬ ▬▬ ▪ ▬▪ ▬▬▬ ▪ ▬ ▬ ▪▬▬ ▪ ▬▬▪ ▬ ▪▪▬ ▬▬ ▪ ▬▪ ▬▬
35
شمال نیوز
▬ ▪▬▬ ▪ ▬▬▪ ▬ ▪▪▬ ▬▬ ▪ ▬▪ ▬▬▬ ▪ ▬ ▬ ▪▬▬ ▪ ▬▬▪ ▬ ▪▪▬ ▬▬ ▪ ▬▪ ▬▬▬ ▪ ▬ ▬ ▪▬▬ ▪ ▬▬▪ ▬ ▪▪▬ ▬▬ ▪ ▬▪ ▬▬▬ ▪ ▬ ▬ ▪▬▬ ▪ ▬▬▪ ▬ ▪▪▬ ▬▬ ▪ ▬▪ ▬▬▬ ▪ ▬ ▬ ▪▬▬ ▪ ▬▬▪ ▬ ▪▪▬ ▬▬ ▪ ▬▪ ▬▬▬ ▪ ▬ ▬ ▪▬▬ ▪ ▬▬▪ ▬ ▪▪▬ ▬▬ ▪ ▬▪ ▬▬▬ ▪ ▬ ▬ ▪▬▬ ▪ ▬▬▪ ▬ ▪▪▬ ▬▬ ▪ ▬▪ ▬▬▬ ▪ ▬ ▬ ▪▬▬ ▪ ▬▬▪ ▬ ▪▪▬ ▬▬ ▪ ▬▪ ▬▬▬ ▪ ▬ ▬ ▪▬▬ ▪ ▬▬▪ ▬ ▪▪▬ ▬▬ ▪ ▬▪ ▬▬
36
شمال نیوز
▬ ▪▬▬ ▪ ▬▬▪ ▬ ▪▪▬ ▬▬ ▪ ▬▪ ▬▬▬ ▪ ▬ ▬ ▪▬▬ ▪ ▬▬▪ ▬ ▪▪▬ ▬▬ ▪ ▬▪ ▬▬▬ ▪ ▬ ▬ ▪▬▬ ▪ ▬▬▪ ▬ ▪▪▬ ▬▬ ▪ ▬▪ ▬▬▬ ▪ ▬ ▬ ▪▬▬ ▪ ▬▬▪ ▬ ▪▪▬ ▬▬ ▪ ▬▪ ▬▬▬ ▪ ▬ ▬ ▪▬▬ ▪ ▬▬▪ ▬ ▪▪▬ ▬▬ ▪ ▬▪ ▬▬▬ ▪ ▬ ▬ ▪▬▬ ▪ ▬▬▪ ▬ ▪▪▬ ▬▬ ▪ ▬▪ ▬▬▬ ▪ ▬ ▬ ▪▬▬ ▪ ▬▬▪ ▬ ▪▪▬ ▬▬ ▪ ▬▪ ▬▬▬ ▪ ▬ ▬ ▪▬▬ ▪ ▬▬▪ ▬ ▪▪▬ ▬▬ ▪ ▬▪ ▬▬▬ ▪ ▬ ▬ ▪▬▬ ▪ ▬▬▪ ▬ ▪▪▬ ▬▬ ▪ ▬▪ ▬▬▬ ▪ ▬ ▬ ▪▬▬ ▪ ▬▬▪ ▬ ▪▪▬ ▬▬ ▪ ▬▪ ▬▬▬ ▪ ▬ ▬ ▪▬▬ ▪ ▬▬▪ ▬ ▪▪▬ ▬▬ ▪ ▬▪ ▬▬▬ ▪ ▬ ▬ ▪▬▬ ▪ ▬▬▪ ▬ ▪▪▬ ▬▬ ▪ ▬▪ ▬▬▬ ▪ ▬ ▬ ▪▬▬ ▪ ▬▬▪ ▬ ▪▪▬ ▬▬ ▪ ▬▪ ▬▬▬ ▪ ▬ ▬ ▪▬▬ ▪ ▬▬▪ ▬ ▪▪▬ ▬▬ ▪ ▬▪ ▬▬▬ ▪ ▬ ▬ ▪▬▬ ▪ ▬▬▪ ▬ ▪▪▬ ▬▬ ▪ ▬▪ ▬▬▬ ▪ ▬ ▬ ▪▬▬ ▪ ▬▬▪ ▬ ▪▪▬ ▬▬ ▪ ▬▪ ▬▬▬ ▪ ▬ ▬ ▪▬▬ ▪ ▬▬▪ ▬ ▪▪▬ ▬▬ ▪ ▬▪ ▬▬▬ ▪ ▬ ▬ ▪▬▬ ▪ ▬▬▪ ▬ ▪▪▬ ▬▬ ▪ ▬▪ ▬▬▬ ▪ ▬ ▬ ▪▬▬ ▪ ▬▬▪ ▬ ▪▪▬ ▬▬ ▪ ▬▪ ▬▬▬ ▪ ▬ ▬ ▪▬▬ ▪ ▬▬▪ ▬ ▪▪▬ ▬▬ ▪ ▬▪ ▬▬▬ ▪ ▬ ▬ ▪▬▬ ▪ ▬▬▪ ▬ ▪▪▬ ▬▬ ▪ ▬▪ ▬▬▬ ▪ ▬ ▬ ▪▬▬
37
شمال نیوز
▬ ▪▬▬ ▪ ▬▬▪ ▬ ▪▪▬ ▬▬ ▪ ▬▪ ▬▬▬ ▪ ▬ ▬ ▪▬▬ ▪ ▬▬▪ ▬ ▪▪▬ ▬▬ ▪ ▬▪ ▬▬▬ ▪ ▬ ▬ ▪▬▬ ▪ ▬▬▪ ▬ ▪▪▬ ▬▬ ▪ ▬▪ ▬▬▬ ▪ ▬ ▬ ▪▬▬ ▪ ▬▬▪ ▬ ▪▪▬ ▬▬ ▪ ▬▪ ▬▬▬ ▪ ▬ ▬ ▪▬▬ ▪ ▬▬▪ ▬ ▪▪▬ ▬▬ ▪ ▬▪ ▬▬▬ ▪ ▬ ▬ ▪▬▬ ▪ ▬▬▪ ▬ ▪▪▬ ▬▬ ▪ ▬▪ ▬▬▬ ▪ ▬ ▬ ▪▬▬ ▪ ▬▬▪ ▬ ▪▪▬ ▬▬ ▪ ▬▪ ▬▬▬ ▪ ▬ ▬ ▪▬▬ ▪ ▬▬▪ ▬ ▪▪▬ ▬▬ ▪ ▬▪ ▬▬▬ ▪ ▬ ▬ ▪▬▬ ▪ ▬▬▪ ▬ ▪▪▬ ▬▬ ▪ ▬▪ ▬▬▬ ▪ ▬ ▬ ▪▬▬ ▪ ▬▬▪ ▬ ▪▪▬ ▬▬ ▪ ▬▪ ▬▬▬ ▪ ▬ ▬ ▪▬▬ ▪ ▬▬▪ ▬ ▪▪▬ ▬▬ ▪ ▬▪ ▬▬▬ ▪ ▬ ▬ ▪▬▬ ▪ ▬▬▪ ▬ ▪▪▬ ▬▬ ▪ ▬▪ ▬▬▬ ▪ ▬ ▬ ▪▬▬ ▪ ▬▬▪ ▬ ▪▪▬ ▬▬ ▪ ▬▪ ▬▬▬ ▪ ▬ ▬ ▪▬▬ ▪ ▬▬▪ ▬ ▪▪▬ ▬▬ ▪ ▬▪ ▬▬▬ ▪ ▬ ▬ ▪▬▬ ▪ ▬▬▪ ▬ ▪▪▬ ▬▬ ▪ ▬▪ ▬▬▬ ▪ ▬ ▬ ▪▬▬ ▪ ▬▬▪ ▬ ▪▪▬ ▬▬ ▪ ▬▪ ▬▬▬ ▪ ▬ ▬ ▪▬▬ ▪ ▬▬▪ ▬ ▪▪▬ ▬▬ ▪ ▬▪ ▬▬▬ ▪ ▬ ▬ ▪▬▬ ▪ ▬▬▪ ▬ ▪▪▬ ▬▬ ▪ ▬▪ ▬▬▬ ▪ ▬ ▬ ▪▬▬ ▪ ▬▬▪ ▬ ▪▪▬ ▬▬ ▪ ▬▪ ▬▬▬ ▪ ▬ ▬ ▪▬▬ ▪ ▬▬▪ ▬ ▪▪▬ ▬▬ ▪ ▬▪ ▬▬▬ ▪ ▬ ▬ ▪▬▬ ▪ ▬▬▪ ▬ ▪▪▬ ▬▬ ▪ ▬▪ ▬▬▬ ▪ ▬ ▬ ▪▬▬
38
شمال نیوز
▬ ▪▬▬ ▪ ▬▬▪ ▬ ▪▪▬ ▬▬ ▪ ▬▪ ▬▬▬ ▪ ▬ ▬ ▪▬▬ ▪ ▬▬▪ ▬ ▪▪▬ ▬▬ ▪ ▬▪ ▬▬▬ ▪ ▬ ▬ ▪▬▬ ▪ ▬▬▪ ▬ ▪▪▬ ▬▬ ▪ ▬▪ ▬▬▬ ▪ ▬ ▬ ▪▬▬ ▪ ▬▬▪ ▬ ▪▪▬ ▬▬ ▪ ▬▪ ▬▬▬ ▪ ▬ ▬ ▪▬▬ ▪ ▬▬▪ ▬ ▪▪▬ ▬▬ ▪ ▬▪ ▬▬▬ ▪ ▬ ▬ ▪▬▬ ▪ ▬▬▪ ▬ ▪▪▬ ▬▬ ▪ ▬▪ ▬▬▬ ▪ ▬ ▬ ▪▬▬ ▪ ▬▬▪ ▬ ▪▪▬ ▬▬ ▪ ▬▪ ▬▬▬ ▪ ▬ ▬ ▪▬▬ ▪ ▬▬▪ ▬ ▪▪▬ ▬▬ ▪ ▬▪ ▬▬▬ ▪ ▬ ▬ ▪▬▬ ▪ ▬▬▪ ▬ ▪▪▬ ▬▬ ▪ ▬▪ ▬▬▬ ▪ ▬ ▬ ▪▬▬ ▪ ▬▬▪ ▬ ▪▪▬ ▬▬ ▪ ▬▪ ▬▬▬ ▪ ▬ ▬ ▪▬▬ ▪ ▬▬▪ ▬ ▪▪▬ ▬▬ ▪ ▬▪ ▬▬▬ ▪ ▬ ▬ ▪▬▬ ▪ ▬▬▪ ▬ ▪▪▬ ▬▬ ▪ ▬▪ ▬▬▬ ▪ ▬ ▬ ▪▬▬ ▪ ▬▬▪ ▬ ▪▪▬ ▬▬ ▪ ▬▪ ▬▬▬ ▪ ▬ ▬ ▪▬▬ ▪ ▬▬▪ ▬ ▪▪▬
39
شمال نیوز
▬ ▪▬▬ ▪ ▬▬▪ ▬ ▪▪▬ ▬▬ ▪ ▬▪ ▬▬▬ ▪ ▬ ▬ ▪▬▬ ▪ ▬▬▪ ▬ ▪▪▬ ▬▬ ▪ ▬▪ ▬▬▬ ▪ ▬ ▬ ▪▬▬ ▪ ▬▬▪ ▬ ▪▪▬ ▬▬ ▪ ▬▪ ▬▬▬ ▪ ▬ ▬ ▪▬▬ ▪ ▬▬▪ ▬ ▪▪▬ ▬▬ ▪ ▬▪ ▬▬▬ ▪ ▬ ▬ ▪▬▬ ▪ ▬▬▪ ▬ ▪▪▬ ▬▬ ▪ ▬▪ ▬▬▬ ▪ ▬ ▬ ▪▬▬ ▪ ▬▬▪ ▬ ▪▪▬ ▬▬ ▪ ▬▪ ▬▬▬ ▪ ▬ ▬ ▪▬▬ ▪ ▬▬▪ ▬ ▪▪▬ ▬▬ ▪ ▬▪ ▬▬▬ ▪ ▬ ▬ ▪▬▬ ▪ ▬▬▪ ▬ ▪▪▬ ▬▬ ▪ ▬▪ ▬▬▬ ▪ ▬ ▬ ▪▬▬ ▪ ▬▬▪ ▬ ▪▪▬ ▬▬ ▪ ▬▪ ▬▬▬ ▪ ▬ ▬ ▪▬▬ ▪ ▬▬▪ ▬ ▪▪▬ ▬▬ ▪ ▬▪ ▬▬▬ ▪ ▬ ▬ ▪▬▬ ▪ ▬▬▪ ▬ ▪▪▬ ▬▬ ▪ ▬▪ ▬▬▬ ▪ ▬ ▬ ▪▬▬ ▪ ▬▬▪ ▬ ▪▪▬ ▬▬ ▪ ▬▪ ▬▬▬ ▪ ▬ ▬ ▪▬▬ ▪ ▬▬▪ ▬ ▪▪▬ ▬▬ ▪ ▬▪ ▬▬▬ ▪ ▬ ▬ ▪▬▬ ▪ ▬▬▪ ▬ ▪▪▬ ▬▬ ▪ ▬▪ ▬▬▬ ▪ ▬ ▬ ▪▬▬ ▪ ▬▬▪ ▬ ▪▪▬ ▬▬ ▪ ▬▪ ▬▬▬ ▪ ▬ ▬ ▪▬▬ ▪ ▬▬▪ ▬ ▪▪▬ ▬▬ ▪ ▬▪ ▬▬▬ ▪ ▬ ▬ ▪▬▬ ▪ ▬▬▪ ▬ ▪▪
40
شمال نیوز
▬ ▪▬▬ ▪ ▬▬▪ ▬ ▪▪▬ ▬▬ ▪ ▬▪ ▬▬▬ ▪ ▬ ▬ ▪▬▬ ▪ ▬▬▪ ▬ ▪▪▬ ▬▬ ▪ ▬▪ ▬▬▬ ▪ ▬ ▬ ▪▬▬ ▪ ▬▬▪ ▬ ▪▪▬ ▬▬ ▪ ▬▪ ▬▬▬ ▪ ▬ ▬ ▪▬▬ ▪ ▬▬▪ ▬ ▪▪▬ ▬▬ ▪ ▬▪ ▬▬▬ ▪ ▬ ▬ ▪▬▬ ▪ ▬▬▪ ▬ ▪▪▬ ▬▬ ▪ ▬▪ ▬▬▬ ▪ ▬ ▬ ▪▬▬ ▪ ▬▬▪ ▬ ▪▪▬ ▬▬ ▪ ▬▪ ▬▬▬ ▪ ▬ ▬ ▪▬▬ ▪ ▬▬▪ ▬ ▪▪▬ ▬▬ ▪ ▬▪ ▬▬▬ ▪ ▬ ▬ ▪▬▬ ▪ ▬▬▪ ▬ ▪▪▬ ▬▬ ▪ ▬▪ ▬▬▬ ▪ ▬ ▬ ▪▬▬ ▪ ▬▬▪ ▬ ▪▪▬ ▬▬ ▪ ▬▪ ▬▬▬ ▪ ▬ ▬ ▪▬▬ ▪ ▬▬▪ ▬ ▪▪▬ ▬▬ ▪ ▬▪ ▬▬▬ ▪ ▬
41
شمال نیوز
▬ ▪▬▬ ▪ ▬▬▪ ▬ ▪▪▬ ▬▬ ▪ ▬▪ ▬▬▬ ▪ ▬ ▬ ▪▬▬ ▪ ▬▬▪ ▬ ▪▪▬ ▬▬ ▪ ▬▪ ▬▬▬ ▪ ▬ ▬ ▪▬▬ ▪ ▬▬▪ ▬ ▪▪▬ ▬▬ ▪ ▬▪ ▬▬▬ ▪ ▬ ▬ ▪▬▬ ▪ ▬▬▪ ▬ ▪▪▬ ▬▬ ▪ ▬▪ ▬▬▬ ▪ ▬ ▬ ▪▬▬ ▪ ▬▬▪ ▬ ▪▪▬ ▬▬ ▪ ▬▪ ▬▬▬ ▪ ▬ ▬ ▪▬▬ ▪ ▬▬▪ ▬ ▪▪▬ ▬▬ ▪ ▬▪ ▬▬▬ ▪ ▬ ▬ ▪▬▬ ▪ ▬▬▪ ▬ ▪▪▬ ▬▬ ▪ ▬▪ ▬▬▬ ▪ ▬ ▬ ▪▬▬ ▪ ▬▬▪ ▬ ▪▪▬ ▬▬ ▪ ▬▪ ▬▬▬ ▪ ▬ ▬ ▪▬▬ ▪ ▬▬▪ ▬ ▪▪▬ ▬▬ ▪ ▬▪ ▬▬▬ ▪ ▬ ▬ ▪▬▬ ▪ ▬▬▪ ▬ ▪▪▬ ▬▬ ▪ ▬▪ ▬▬▬ ▪ ▬ ▬ ▪▬▬ ▪ ▬▬▪ ▬ ▪▪▬ ▬▬ ▪ ▬▪ ▬▬▬ ▪ ▬ ▬ ▪▬▬ ▪ ▬▬▪ ▬ ▪▪▬ ▬▬ ▪ ▬▪ ▬▬▬ ▪ ▬ ▬ ▪▬▬ ▪ ▬▬▪ ▬ ▪▪▬ ▬▬ ▪ ▬▪ ▬▬▬ ▪ ▬ ▬ ▪▬▬ ▪ ▬▬▪ ▬ ▪▪▬ ▬▬ ▪ ▬▪ ▬▬▬ ▪ ▬ ▬ ▪▬▬ ▪ ▬▬▪ ▬ ▪▪▬ ▬▬ ▪ ▬▪ ▬▬▬ ▪ ▬ ▬ ▪▬▬ ▪ ▬▬
42
شمال نیوز
▬ ▪▬▬ ▪ ▬▬▪ ▬ ▪▪▬ ▬▬ ▪ ▬▪ ▬▬▬ ▪ ▬ ▬ ▪▬▬ ▪ ▬▬▪ ▬ ▪▪▬ ▬▬ ▪ ▬▪ ▬▬▬ ▪ ▬ ▬ ▪▬▬ ▪ ▬▬▪ ▬ ▪▪▬ ▬▬ ▪ ▬▪ ▬▬▬ ▪ ▬ ▬ ▪▬▬ ▪ ▬▬▪ ▬ ▪▪▬ ▬▬ ▪ ▬▪ ▬▬▬ ▪ ▬ ▬ ▪▬▬ ▪ ▬▬▪ ▬ ▪▪▬ ▬▬ ▪ ▬▪ ▬▬▬ ▪ ▬ ▬ ▪▬▬ ▪ ▬▬▪ ▬ ▪▪▬ ▬▬ ▪ ▬▪ ▬▬▬ ▪ ▬ ▬ ▪▬▬ ▪ ▬▬▪ ▬ ▪▪▬ ▬▬ ▪ ▬▪ ▬▬▬ ▪ ▬ ▬ ▪▬▬ ▪ ▬▬▪ ▬ ▪▪▬ ▬▬ ▪ ▬▪ ▬▬▬ ▪ ▬ ▬ ▪▬▬ ▪ ▬▬▪ ▬ ▪▪▬ ▬▬ ▪ ▬▪ ▬▬▬ ▪ ▬ ▬ ▪▬▬ ▪ ▬▬▪ ▬ ▪▪▬ ▬▬ ▪ ▬▪ ▬▬▬ ▪ ▬ ▬ ▪▬▬ ▪ ▬▬▪ ▬ ▪▪▬ ▬▬ ▪ ▬▪ ▬▬▬ ▪ ▬ ▬ ▪▬▬
43
شمال نیوز
▬ ▪▬▬ ▪ ▬▬▪ ▬ ▪▪▬ ▬▬ ▪ ▬▪ ▬▬▬ ▪ ▬ ▬ ▪▬▬ ▪ ▬▬▪ ▬ ▪▪▬ ▬▬ ▪ ▬▪ ▬▬▬ ▪ ▬ ▬ ▪▬▬ ▪ ▬▬▪ ▬ ▪▪▬ ▬▬ ▪ ▬▪ ▬▬▬ ▪ ▬ ▬ ▪▬▬ ▪ ▬▬▪ ▬ ▪▪▬ ▬▬ ▪ ▬▪ ▬▬▬ ▪ ▬ ▬ ▪▬▬ ▪ ▬▬▪ ▬ ▪▪▬ ▬▬ ▪ ▬▪ ▬▬▬ ▪ ▬ ▬ ▪▬▬ ▪ ▬▬▪ ▬ ▪▪▬ ▬▬ ▪ ▬▪ ▬▬▬ ▪ ▬ ▬ ▪▬▬ ▪ ▬▬▪ ▬ ▪▪▬ ▬▬ ▪ ▬▪ ▬▬▬ ▪ ▬ ▬ ▪▬▬ ▪ ▬▬▪ ▬ ▪▪▬ ▬▬ ▪ ▬▪ ▬▬▬ ▪ ▬ ▬ ▪▬▬ ▪ ▬▬▪ ▬ ▪▪▬ ▬▬ ▪ ▬▪ ▬▬▬ ▪ ▬ ▬ ▪▬▬ ▪ ▬▬▪ ▬ ▪▪▬ ▬▬ ▪ ▬▪ ▬▬▬ ▪ ▬ ▬ ▪▬▬ ▪ ▬▬▪ ▬ ▪▪▬ ▬▬ ▪ ▬▪ ▬▬▬ ▪ ▬ ▬ ▪▬▬ ▪ ▬▬▪ ▬ ▪▪▬ ▬▬ ▪ ▬▪ ▬▬▬ ▪ ▬ ▬ ▪▬▬ ▪ ▬▬▪ ▬ ▪▪▬ ▬▬ ▪ ▬▪ ▬▬▬ ▪ ▬ ▬ ▪▬▬ ▪ ▬▬▪ ▬ ▪▪▬ ▬▬ ▪ ▬▪ ▬▬▬ ▪ ▬ ▬ ▪▬▬ ▪ ▬▬▪ ▬ ▪▪▬ ▬▬ ▪ ▬▪ ▬▬▬ ▪ ▬ ▬ ▪▬▬ ▪ ▬▬▪ ▬ ▪▪▬ ▬▬ ▪ ▬▪ ▬▬▬ ▪ ▬ ▬ ▪▬▬ ▪ ▬▬▪ ▬ ▪▪▬ ▬▬ ▪ ▬▪ ▬▬▬ ▪ ▬ ▬ ▪▬▬ ▪ ▬▬▪ ▬ ▪▪▬ ▬▬ ▪ ▬▪ ▬▬▬ ▪ ▬ ▬ ▪▬▬ ▪ ▬▬▪ ▬ ▪▪▬ ▬▬ ▪ ▬▪ ▬▬
44
شمال نیوز
▬ ▪▬▬ ▪ ▬▬▪ ▬ ▪▪▬ ▬▬ ▪ ▬▪ ▬▬▬ ▪ ▬ ▬ ▪▬▬ ▪ ▬▬▪ ▬ ▪▪▬ ▬▬ ▪ ▬▪ ▬▬▬ ▪ ▬ ▬ ▪▬▬ ▪ ▬▬▪ ▬ ▪▪▬ ▬▬ ▪ ▬▪ ▬▬▬ ▪ ▬ ▬ ▪▬▬ ▪ ▬▬▪ ▬ ▪▪▬ ▬▬ ▪ ▬▪ ▬▬▬ ▪ ▬ ▬ ▪▬▬ ▪ ▬▬▪ ▬ ▪▪▬ ▬▬ ▪ ▬▪ ▬▬▬ ▪ ▬ ▬ ▪▬▬ ▪ ▬▬▪ ▬ ▪▪▬ ▬▬ ▪ ▬▪ ▬▬▬ ▪ ▬ ▬ ▪▬▬ ▪ ▬▬▪ ▬ ▪▪▬ ▬▬ ▪ ▬▪ ▬▬▬ ▪ ▬ ▬ ▪▬▬ ▪ ▬▬▪ ▬ ▪▪▬ ▬▬ ▪ ▬▪ ▬▬▬ ▪ ▬ ▬ ▪▬▬ ▪ ▬▬▪ ▬ ▪▪▬ ▬▬ ▪ ▬▪ ▬▬
45
شمال نیوز
▬ ▪▬▬ ▪ ▬▬▪ ▬ ▪▪▬ ▬▬ ▪ ▬▪ ▬▬▬ ▪ ▬ ▬ ▪▬▬ ▪ ▬▬▪ ▬ ▪▪▬ ▬▬ ▪ ▬▪ ▬▬▬ ▪ ▬ ▬ ▪▬▬ ▪ ▬▬▪ ▬ ▪▪▬ ▬▬ ▪ ▬▪ ▬▬▬ ▪ ▬ ▬ ▪▬▬ ▪ ▬▬▪ ▬ ▪▪▬ ▬▬ ▪ ▬▪ ▬▬▬ ▪ ▬ ▬ ▪▬▬ ▪ ▬▬▪ ▬ ▪▪▬ ▬▬ ▪ ▬▪ ▬▬▬ ▪ ▬ ▬ ▪▬▬ ▪ ▬▬▪ ▬ ▪▪▬ ▬▬ ▪ ▬▪ ▬▬▬ ▪ ▬ ▬ ▪▬▬ ▪ ▬▬▪ ▬ ▪▪▬ ▬▬ ▪ ▬▪ ▬▬▬ ▪ ▬ ▬ ▪▬▬ ▪ ▬▬▪ ▬ ▪▪▬ ▬▬ ▪ ▬▪ ▬▬▬ ▪ ▬ ▬ ▪▬▬ ▪ ▬▬▪ ▬ ▪▪▬ ▬▬ ▪ ▬▪ ▬▬▬ ▪ ▬ ▬ ▪▬▬ ▪ ▬▬▪ ▬ ▪▪▬ ▬▬ ▪ ▬▪ ▬▬▬ ▪ ▬ ▬ ▪▬▬ ▪ ▬▬▪ ▬ ▪▪▬ ▬▬ ▪ ▬▪ ▬▬▬ ▪ ▬ ▬ ▪▬▬ ▪ ▬▬▪ ▬ ▪▪▬ ▬▬ ▪ ▬▪ ▬▬▬ ▪ ▬ ▬ ▪▬▬ ▪ ▬▬▪ ▬ ▪▪▬ ▬▬ ▪ ▬▪ ▬▬▬ ▪ ▬ ▬ ▪▬▬ ▪ ▬▬▪ ▬ ▪▪▬
46
شمال نیوز
▬ ▪▬▬ ▪ ▬▬▪ ▬ ▪▪▬ ▬▬ ▪ ▬▪ ▬▬▬ ▪ ▬ ▬ ▪▬▬ ▪ ▬▬▪ ▬ ▪▪▬ ▬▬ ▪ ▬▪ ▬▬▬ ▪ ▬ ▬ ▪▬▬ ▪ ▬▬▪ ▬ ▪▪▬ ▬▬ ▪ ▬▪ ▬▬▬ ▪ ▬ ▬ ▪▬▬ ▪ ▬▬▪ ▬ ▪▪▬ ▬▬ ▪ ▬▪ ▬▬▬ ▪ ▬ ▬ ▪▬▬ ▪ ▬▬▪ ▬ ▪▪▬ ▬▬ ▪ ▬▪ ▬▬▬ ▪ ▬ ▬ ▪▬▬ ▪ ▬▬▪ ▬ ▪▪▬ ▬▬ ▪ ▬▪ ▬▬▬ ▪ ▬ ▬ ▪▬▬ ▪ ▬▬▪ ▬ ▪▪▬ ▬▬ ▪ ▬▪ ▬▬▬ ▪ ▬ ▬ ▪▬▬ ▪ ▬▬▪ ▬ ▪▪▬ ▬▬ ▪ ▬▪ ▬▬▬ ▪ ▬ ▬ ▪▬▬ ▪ ▬▬▪ ▬ ▪▪▬ ▬▬ ▪ ▬▪ ▬▬▬ ▪ ▬ ▬ ▪▬▬ ▪ ▬▬▪ ▬ ▪▪▬ ▬▬ ▪ ▬▪ ▬▬▬ ▪ ▬ ▬ ▪▬▬ ▪ ▬▬▪ ▬ ▪▪▬ ▬▬ ▪ ▬▪ ▬▬▬ ▪ ▬ ▬ ▪▬▬ ▪ ▬▬▪ ▬ ▪▪▬ ▬▬ ▪ ▬▪ ▬▬▬ ▪ ▬ ▬ ▪▬▬ ▪ ▬▬▪ ▬ ▪▪▬ ▬▬ ▪ ▬▪ ▬▬▬ ▪ ▬ ▬ ▪▬▬ ▪ ▬▬▪ ▬ ▪▪▬ ▬▬ ▪ ▬▪ ▬▬▬ ▪ ▬ ▬ ▪▬▬ ▪ ▬▬▪ ▬ ▪▪▬ ▬▬ ▪ ▬▪ ▬▬▬ ▪ ▬ ▬ ▪▬▬ ▪ ▬▬▪ ▬ ▪▪▬ ▬▬ ▪ ▬▪ ▬▬▬ ▪ ▬ ▬ ▪▬▬ ▪ ▬▬▪ ▬ ▪▪
47
شمال نیوز
▬ ▪▬▬ ▪ ▬▬▪ ▬ ▪▪▬ ▬▬ ▪ ▬▪ ▬▬▬ ▪ ▬ ▬ ▪▬▬ ▪ ▬▬▪ ▬ ▪▪▬ ▬▬ ▪ ▬▪ ▬▬▬ ▪ ▬ ▬ ▪▬▬ ▪ ▬▬▪ ▬ ▪▪▬ ▬▬ ▪ ▬▪ ▬▬▬ ▪ ▬ ▬ ▪▬▬ ▪ ▬▬▪ ▬ ▪▪▬ ▬▬ ▪ ▬▪ ▬▬▬ ▪ ▬ ▬ ▪▬▬ ▪ ▬▬▪ ▬ ▪▪▬ ▬▬ ▪ ▬▪ ▬▬▬ ▪ ▬ ▬ ▪▬▬ ▪ ▬▬▪ ▬ ▪▪▬ ▬▬ ▪ ▬▪ ▬▬▬ ▪ ▬ ▬ ▪▬▬ ▪ ▬▬▪ ▬ ▪▪▬ ▬▬ ▪ ▬▪ ▬▬▬ ▪ ▬ ▬ ▪▬▬ ▪ ▬▬▪ ▬ ▪▪▬ ▬▬ ▪ ▬▪ ▬▬▬ ▪ ▬ ▬ ▪▬▬ ▪ ▬▬▪ ▬ ▪▪▬ ▬▬ ▪ ▬▪ ▬▬▬ ▪ ▬ ▬ ▪▬▬ ▪ ▬▬▪ ▬ ▪▪▬ ▬▬ ▪ ▬▪ ▬▬▬ ▪ ▬
48
شمال نیوز
▬ ▪▬▬ ▪ ▬▬▪ ▬ ▪▪▬ ▬▬ ▪ ▬▪ ▬▬▬ ▪ ▬ ▬ ▪▬▬ ▪ ▬▬▪ ▬ ▪▪▬ ▬▬ ▪ ▬▪ ▬▬▬ ▪ ▬ ▬ ▪▬▬ ▪ ▬▬▪ ▬ ▪▪▬ ▬▬ ▪ ▬▪ ▬▬▬ ▪ ▬ ▬ ▪▬▬ ▪ ▬▬▪ ▬ ▪▪▬ ▬▬ ▪ ▬▪ ▬▬▬ ▪ ▬ ▬ ▪▬▬ ▪ ▬▬▪ ▬ ▪▪▬ ▬▬ ▪ ▬▪ ▬▬▬ ▪ ▬ ▬ ▪▬▬ ▪ ▬▬▪ ▬ ▪▪▬ ▬▬ ▪ ▬▪ ▬▬▬ ▪ ▬ ▬ ▪▬▬ ▪ ▬▬▪ ▬ ▪▪▬ ▬▬ ▪ ▬▪ ▬▬▬ ▪ ▬ ▬ ▪▬▬ ▪ ▬▬▪ ▬ ▪▪▬ ▬▬ ▪ ▬▪ ▬▬▬ ▪ ▬ ▬ ▪▬▬ ▪ ▬▬▪ ▬ ▪▪▬ ▬▬ ▪ ▬▪ ▬▬▬ ▪ ▬ ▬ ▪▬▬ ▪ ▬▬▪ ▬ ▪▪▬ ▬▬ ▪ ▬▪ ▬▬▬ ▪ ▬ ▬ ▪▬▬ ▪ ▬▬▪ ▬ ▪▪▬ ▬▬ ▪ ▬▪ ▬▬▬ ▪ ▬ ▬ ▪▬▬ ▪ ▬▬▪ ▬ ▪▪▬ ▬▬ ▪ ▬▪ ▬▬▬ ▪ ▬ ▬ ▪▬▬ ▪ ▬▬▪ ▬ ▪▪▬ ▬▬ ▪ ▬▪ ▬▬▬ ▪ ▬ ▬ ▪▬▬ ▪ ▬▬▪ ▬ ▪▪▬ ▬▬ ▪ ▬▪ ▬▬▬ ▪ ▬ ▬ ▪▬▬ ▪ ▬▬▪ ▬ ▪▪▬ ▬▬ ▪ ▬▪ ▬▬▬ ▪ ▬ ▬ ▪▬▬ ▪ ▬▬
49
شمال نیوز
▬ ▪▬▬ ▪ ▬▬▪ ▬ ▪▪▬ ▬▬ ▪ ▬▪ ▬▬▬ ▪ ▬ ▬ ▪▬▬ ▪ ▬▬▪ ▬ ▪▪▬ ▬▬ ▪ ▬▪ ▬▬▬ ▪ ▬ ▬ ▪▬▬ ▪ ▬▬▪ ▬ ▪▪▬ ▬▬ ▪ ▬▪ ▬▬▬ ▪ ▬ ▬ ▪▬▬ ▪ ▬▬▪ ▬ ▪▪▬ ▬▬ ▪ ▬▪ ▬▬▬ ▪ ▬ ▬ ▪▬▬ ▪ ▬▬▪ ▬ ▪▪▬ ▬▬ ▪ ▬▪ ▬▬▬ ▪ ▬ ▬ ▪▬▬ ▪ ▬▬▪ ▬ ▪▪▬ ▬▬ ▪ ▬▪ ▬▬▬ ▪ ▬ ▬ ▪▬▬ ▪ ▬▬▪ ▬ ▪▪▬ ▬▬ ▪ ▬▪ ▬▬▬ ▪ ▬ ▬ ▪▬▬ ▪ ▬▬▪ ▬ ▪▪▬ ▬▬ ▪ ▬▪ ▬▬▬ ▪ ▬ ▬ ▪▬▬ ▪ ▬▬▪ ▬ ▪▪▬ ▬▬ ▪ ▬▪ ▬▬▬ ▪ ▬ ▬ ▪▬▬ ▪ ▬▬▪ ▬ ▪▪▬ ▬▬ ▪ ▬▪ ▬▬▬ ▪ ▬ ▬ ▪▬▬ ▪ ▬▬▪ ▬ ▪▪▬ ▬▬ ▪ ▬▪ ▬▬▬ ▪ ▬ ▬ ▪▬▬
50
شمال نیوز
▬ ▪▬▬ ▪ ▬▬▪ ▬ ▪▪▬ ▬▬ ▪ ▬▪ ▬▬▬ ▪ ▬ ▬ ▪▬▬ ▪ ▬▬▪ ▬ ▪▪▬ ▬▬ ▪ ▬▪ ▬▬▬ ▪ ▬ ▬ ▪▬▬ ▪ ▬▬▪ ▬ ▪▪▬ ▬▬ ▪ ▬▪ ▬▬▬ ▪ ▬ ▬ ▪▬▬ ▪ ▬▬▪ ▬ ▪▪▬ ▬▬ ▪ ▬▪ ▬▬▬ ▪ ▬ ▬ ▪▬▬ ▪ ▬▬▪ ▬ ▪▪▬ ▬▬ ▪ ▬▪ ▬▬▬ ▪ ▬ ▬ ▪▬▬ ▪ ▬▬▪ ▬ ▪▪▬ ▬▬ ▪ ▬▪ ▬▬▬ ▪ ▬ ▬ ▪▬▬ ▪ ▬▬▪ ▬ ▪▪▬ ▬▬ ▪ ▬▪ ▬▬▬ ▪ ▬ ▬ ▪▬▬ ▪ ▬▬▪ ▬ ▪▪▬ ▬▬ ▪ ▬▪ ▬▬▬ ▪ ▬ ▬ ▪▬▬ ▪ ▬▬▪ ▬ ▪▪▬ ▬▬ ▪ ▬▪ ▬▬▬ ▪ ▬ ▬ ▪▬▬ ▪ ▬▬▪ ▬ ▪▪▬ ▬▬ ▪ ▬▪ ▬▬▬ ▪ ▬ ▬ ▪▬▬ ▪ ▬▬▪ ▬ ▪▪▬ ▬▬ ▪ ▬▪ ▬▬▬ ▪ ▬ ▬ ▪▬▬ ▪ ▬▬▪ ▬ ▪▪▬ ▬▬ ▪ ▬▪ ▬▬▬ ▪ ▬ ▬ ▪▬▬ ▪ ▬▬▪ ▬ ▪▪▬ ▬▬ ▪ ▬▪ ▬▬▬ ▪ ▬ ▬ ▪▬▬ ▪ ▬▬▪ ▬ ▪▪▬ ▬▬ ▪ ▬▪ ▬▬▬ ▪ ▬ ▬ ▪▬▬ ▪ ▬▬▪ ▬ ▪▪▬ ▬▬ ▪ ▬▪ ▬▬▬ ▪ ▬ ▬ ▪▬▬ ▪ ▬▬▪ ▬ ▪▪▬ ▬▬ ▪ ▬▪ ▬▬▬ ▪ ▬ ▬ ▪▬▬ ▪ ▬▬▪ ▬ ▪▪▬ ▬▬ ▪ ▬▪ ▬▬▬ ▪ ▬ ▬ ▪▬▬ ▪ ▬▬▪ ▬ ▪▪▬ ▬▬ ▪ ▬▪ ▬▬▬ ▪ ▬ ▬ ▪▬▬ ▪ ▬▬▪ ▬ ▪▪▬ ▬▬ ▪ ▬▪ ▬▬
51
شمال نیوز
▬ ▪▬▬ ▪ ▬▬▪ ▬ ▪▪▬ ▬▬ ▪ ▬▪ ▬▬▬ ▪ ▬ ▬ ▪▬▬ ▪ ▬▬▪ ▬ ▪▪▬ ▬▬ ▪ ▬▪ ▬▬▬ ▪ ▬ ▬ ▪▬▬ ▪ ▬▬▪ ▬ ▪▪▬ ▬▬ ▪ ▬▪ ▬▬▬ ▪ ▬ ▬ ▪▬▬ ▪ ▬▬▪ ▬ ▪▪▬ ▬▬ ▪ ▬▪ ▬▬▬ ▪ ▬ ▬ ▪▬▬ ▪ ▬▬▪ ▬ ▪▪▬ ▬▬ ▪ ▬▪ ▬▬▬ ▪ ▬ ▬ ▪▬▬ ▪ ▬▬▪ ▬ ▪▪▬ ▬▬ ▪ ▬▪ ▬▬▬ ▪ ▬ ▬ ▪▬▬ ▪ ▬▬▪ ▬ ▪▪▬ ▬▬ ▪ ▬▪ ▬▬▬ ▪ ▬ ▬ ▪▬▬ ▪ ▬▬▪ ▬ ▪▪▬ ▬▬ ▪ ▬▪ ▬▬▬ ▪ ▬ ▬ ▪▬▬ ▪ ▬▬▪ ▬ ▪▪▬ ▬▬ ▪ ▬▪ ▬▬
52
شمال نیوز
▬ ▪▬▬ ▪ ▬▬▪ ▬ ▪▪▬ ▬▬ ▪ ▬▪ ▬▬▬ ▪ ▬ ▬ ▪▬▬ ▪ ▬▬▪ ▬ ▪▪▬ ▬▬ ▪ ▬▪ ▬▬▬ ▪ ▬ ▬ ▪▬▬ ▪ ▬▬▪ ▬ ▪▪▬ ▬▬ ▪ ▬▪ ▬▬▬ ▪ ▬ ▬ ▪▬▬ ▪ ▬▬▪ ▬ ▪▪▬ ▬▬ ▪ ▬▪ ▬▬▬ ▪ ▬ ▬ ▪▬▬ ▪ ▬▬▪ ▬ ▪▪▬ ▬▬ ▪ ▬▪ ▬▬▬ ▪ ▬ ▬ ▪▬▬ ▪ ▬▬▪ ▬ ▪▪▬ ▬▬ ▪ ▬▪ ▬▬▬ ▪ ▬ ▬ ▪▬▬ ▪ ▬▬▪ ▬ ▪▪▬ ▬▬ ▪ ▬▪ ▬▬▬ ▪ ▬ ▬ ▪▬▬ ▪ ▬▬▪ ▬ ▪▪▬ ▬▬ ▪ ▬▪ ▬▬▬ ▪ ▬ ▬ ▪▬▬ ▪ ▬▬▪ ▬ ▪▪▬ ▬▬ ▪ ▬▪ ▬▬▬ ▪ ▬ ▬ ▪▬▬ ▪ ▬▬▪ ▬ ▪▪▬ ▬▬ ▪ ▬▪ ▬▬▬ ▪ ▬ ▬ ▪▬▬ ▪ ▬▬▪ ▬ ▪▪▬ ▬▬ ▪ ▬▪ ▬▬▬ ▪ ▬ ▬ ▪▬▬ ▪ ▬▬▪ ▬ ▪▪▬ ▬▬ ▪ ▬▪ ▬▬▬ ▪ ▬ ▬ ▪▬▬ ▪ ▬▬▪ ▬ ▪▪▬ ▬▬ ▪ ▬▪ ▬▬▬ ▪ ▬ ▬ ▪▬▬ ▪ ▬▬▪ ▬ ▪▪▬ ▬▬ ▪ ▬▪ ▬▬▬ ▪ ▬ ▬ ▪▬▬ ▪ ▬▬▪ ▬ ▪▪▬ ▬▬ ▪ ▬▪ ▬▬▬ ▪ ▬ ▬ ▪▬▬ ▪ ▬▬▪ ▬ ▪▪▬ ▬▬ ▪ ▬▪ ▬▬▬ ▪ ▬ ▬ ▪▬▬ ▪ ▬▬▪ ▬ ▪▪▬ ▬▬ ▪ ▬▪ ▬▬▬ ▪ ▬ ▬ ▪▬▬ ▪ ▬▬▪ ▬ ▪▪▬ ▬▬ ▪ ▬▪ ▬▬▬ ▪ ▬ ▬ ▪▬▬ ▪ ▬▬▪ ▬ ▪▪▬ ▬▬ ▪ ▬▪ ▬▬▬ ▪ ▬ ▬ ▪▬▬ ▪ ▬▬▪ ▬ ▪▪▬ ▬▬ ▪ ▬▪ ▬▬▬ ▪ ▬ ▬ ▪▬▬ ▪ ▬▬▪ ▬ ▪▪▬ ▬▬ ▪ ▬▪ ▬▬▬ ▪ ▬ ▬ ▪▬▬
53
شمال نیوز
▬ ▪▬▬ ▪ ▬▬▪ ▬ ▪▪▬ ▬▬ ▪ ▬▪ ▬▬▬ ▪ ▬ ▬ ▪▬▬ ▪ ▬▬▪ ▬ ▪▪▬ ▬▬ ▪ ▬▪ ▬▬▬ ▪ ▬ ▬ ▪▬▬ ▪ ▬▬▪ ▬ ▪▪▬ ▬▬ ▪ ▬▪ ▬▬▬ ▪ ▬ ▬ ▪▬▬ ▪ ▬▬▪ ▬ ▪▪▬ ▬▬ ▪ ▬▪ ▬▬▬ ▪ ▬ ▬ ▪▬▬ ▪ ▬▬▪ ▬ ▪▪▬ ▬▬ ▪ ▬▪ ▬▬▬ ▪ ▬ ▬ ▪▬▬ ▪ ▬▬▪ ▬ ▪▪▬ ▬▬ ▪ ▬▪ ▬▬▬ ▪ ▬ ▬ ▪▬▬ ▪ ▬▬▪ ▬ ▪▪▬ ▬▬ ▪ ▬▪ ▬▬▬ ▪ ▬ ▬ ▪▬▬ ▪ ▬▬▪ ▬ ▪▪▬ ▬▬ ▪ ▬▪ ▬▬▬ ▪ ▬ ▬ ▪▬▬ ▪ ▬▬▪ ▬ ▪▪▬ ▬▬ ▪ ▬▪ ▬▬▬ ▪ ▬ ▬ ▪▬▬ ▪ ▬▬▪ ▬ ▪▪▬ ▬▬ ▪ ▬▪ ▬▬▬ ▪ ▬ ▬ ▪▬▬ ▪ ▬▬▪ ▬ ▪▪▬ ▬▬ ▪ ▬▪ ▬▬▬ ▪ ▬ ▬ ▪▬▬ ▪ ▬▬▪ ▬ ▪▪▬ ▬▬ ▪ ▬▪ ▬▬▬ ▪ ▬ ▬ ▪▬▬ ▪ ▬▬▪ ▬ ▪▪▬ ▬▬ ▪ ▬▪ ▬▬▬ ▪ ▬ ▬ ▪▬▬ ▪ ▬▬▪ ▬ ▪▪▬
54
شمال نیوز
▬ ▪▬▬ ▪ ▬▬▪ ▬ ▪▪▬ ▬▬ ▪ ▬▪ ▬▬▬ ▪ ▬ ▬ ▪▬▬ ▪ ▬▬▪ ▬ ▪▪▬ ▬▬ ▪ ▬▪ ▬▬▬ ▪ ▬ ▬ ▪▬▬ ▪ ▬▬▪ ▬ ▪▪▬ ▬▬ ▪ ▬▪ ▬▬▬ ▪ ▬ ▬ ▪▬▬ ▪ ▬▬▪ ▬ ▪▪▬ ▬▬ ▪ ▬▪ ▬▬▬ ▪ ▬ ▬ ▪▬▬ ▪ ▬▬▪ ▬ ▪▪▬ ▬▬ ▪ ▬▪ ▬▬▬ ▪ ▬ ▬ ▪▬▬ ▪ ▬▬▪ ▬ ▪▪▬ ▬▬ ▪ ▬▪ ▬▬▬ ▪ ▬ ▬ ▪▬▬ ▪ ▬▬▪ ▬ ▪▪▬ ▬▬ ▪ ▬▪ ▬▬▬ ▪ ▬ ▬ ▪▬▬ ▪ ▬▬▪ ▬ ▪▪▬ ▬▬ ▪ ▬▪ ▬▬▬ ▪ ▬ ▬ ▪▬▬ ▪ ▬▬▪ ▬ ▪▪▬ ▬▬ ▪ ▬▪ ▬▬▬ ▪ ▬ ▬ ▪▬▬ ▪ ▬▬▪ ▬ ▪▪▬ ▬▬ ▪ ▬▪ ▬▬▬ ▪ ▬ ▬ ▪▬▬ ▪ ▬▬▪ ▬ ▪▪▬ ▬▬ ▪ ▬▪ ▬▬▬ ▪ ▬ ▬ ▪▬▬ ▪ ▬▬▪ ▬ ▪▪▬ ▬▬ ▪ ▬▪ ▬▬▬ ▪ ▬ ▬ ▪▬▬ ▪ ▬▬▪ ▬ ▪▪▬ ▬▬ ▪ ▬▪ ▬▬▬ ▪ ▬ ▬ ▪▬▬ ▪ ▬▬▪ ▬ ▪▪▬ ▬▬ ▪ ▬▪ ▬▬▬ ▪ ▬ ▬ ▪▬▬ ▪ ▬▬▪ ▬ ▪▪▬ ▬▬ ▪ ▬▪ ▬▬▬ ▪ ▬ ▬ ▪▬▬ ▪ ▬▬▪ ▬ ▪▪▬ ▬▬ ▪ ▬▪ ▬▬▬ ▪ ▬ ▬ ▪▬▬ ▪ ▬▬▪ ▬ ▪▪
55
شمال نیوز
▬ ▪▬▬ ▪ ▬▬▪ ▬ ▪▪▬ ▬▬ ▪ ▬▪ ▬▬▬ ▪ ▬ ▬ ▪▬▬ ▪ ▬▬▪ ▬ ▪▪▬ ▬▬ ▪ ▬▪ ▬▬▬ ▪ ▬ ▬ ▪▬▬ ▪ ▬▬▪ ▬ ▪▪▬ ▬▬ ▪ ▬▪ ▬▬▬ ▪ ▬ ▬ ▪▬▬ ▪ ▬▬▪ ▬ ▪▪▬ ▬▬ ▪ ▬▪ ▬▬▬ ▪ ▬ ▬ ▪▬▬ ▪ ▬▬▪ ▬ ▪▪▬ ▬▬ ▪ ▬▪ ▬▬▬ ▪ ▬ ▬ ▪▬▬ ▪ ▬▬▪ ▬ ▪▪▬ ▬▬ ▪ ▬▪ ▬▬▬ ▪ ▬ ▬ ▪▬▬ ▪ ▬▬▪ ▬ ▪▪▬ ▬▬ ▪ ▬▪ ▬▬▬ ▪ ▬ ▬ ▪▬▬ ▪ ▬▬▪ ▬ ▪▪▬ ▬▬ ▪ ▬▪ ▬▬▬ ▪ ▬ ▬ ▪▬▬ ▪ ▬▬▪ ▬ ▪▪▬ ▬▬ ▪ ▬▪ ▬▬▬ ▪ ▬ ▬ ▪▬▬ ▪ ▬▬▪ ▬ ▪▪▬ ▬▬ ▪ ▬▪ ▬▬▬ ▪ ▬ ▬ ▪▬▬ ▪ ▬▬▪ ▬ ▪▪▬ ▬▬ ▪ ▬▪ ▬▬▬ ▪ ▬ ▬ ▪▬▬ ▪ ▬▬▪ ▬ ▪▪▬ ▬▬ ▪ ▬▪ ▬▬▬ ▪ ▬ ▬ ▪▬▬ ▪ ▬▬▪ ▬ ▪▪▬ ▬▬ ▪ ▬▪ ▬▬▬ ▪ ▬ ▬ ▪▬▬ ▪ ▬▬▪ ▬ ▪▪▬ ▬▬ ▪ ▬▪ ▬▬▬ ▪ ▬ ▬ ▪▬▬ ▪ ▬▬▪ ▬ ▪▪▬ ▬▬ ▪ ▬▪ ▬▬▬ ▪ ▬ ▬ ▪▬▬ ▪ ▬▬▪ ▬ ▪▪▬ ▬▬ ▪ ▬▪ ▬▬▬ ▪ ▬ ▬ ▪▬▬ ▪ ▬▬▪ ▬ ▪▪
56
شمال نیوز
▬ ▪▬▬ ▪ ▬▬▪ ▬ ▪▪▬ ▬▬ ▪ ▬▪ ▬▬▬ ▪ ▬ ▬ ▪▬▬ ▪ ▬▬▪ ▬ ▪▪▬ ▬▬ ▪ ▬▪ ▬▬▬ ▪ ▬ ▬ ▪▬▬ ▪ ▬▬▪ ▬ ▪▪▬ ▬▬ ▪ ▬▪ ▬▬▬ ▪ ▬ ▬ ▪▬▬ ▪ ▬▬▪ ▬ ▪▪▬ ▬▬ ▪ ▬▪ ▬▬▬ ▪ ▬ ▬ ▪▬▬ ▪ ▬▬▪ ▬ ▪▪▬ ▬▬ ▪ ▬▪ ▬▬▬ ▪ ▬ ▬ ▪▬▬ ▪ ▬▬▪ ▬ ▪▪▬ ▬▬ ▪ ▬▪ ▬▬▬ ▪ ▬ ▬ ▪▬▬ ▪ ▬▬▪ ▬ ▪▪▬ ▬▬ ▪ ▬▪ ▬▬▬ ▪ ▬ ▬ ▪▬▬ ▪ ▬▬▪ ▬ ▪▪▬ ▬▬ ▪ ▬▪ ▬▬▬ ▪ ▬ ▬ ▪▬▬ ▪ ▬▬▪ ▬ ▪▪▬ ▬▬ ▪ ▬▪ ▬▬▬ ▪ ▬ ▬ ▪▬▬ ▪ ▬▬▪ ▬ ▪▪▬ ▬▬ ▪ ▬▪ ▬▬▬ ▪ ▬
57
شمال نیوز
▬ ▪▬▬ ▪ ▬▬▪ ▬ ▪▪▬ ▬▬ ▪ ▬▪ ▬▬▬ ▪ ▬ ▬ ▪▬▬ ▪ ▬▬▪ ▬ ▪▪▬ ▬▬ ▪ ▬▪ ▬▬▬ ▪ ▬ ▬ ▪▬▬ ▪ ▬▬▪ ▬ ▪▪▬ ▬▬ ▪ ▬▪ ▬▬▬ ▪ ▬ ▬ ▪▬▬ ▪ ▬▬▪ ▬ ▪▪▬ ▬▬ ▪ ▬▪ ▬▬▬ ▪ ▬ ▬ ▪▬▬ ▪ ▬▬▪ ▬ ▪▪▬ ▬▬ ▪ ▬▪ ▬▬▬ ▪ ▬ ▬ ▪▬▬ ▪ ▬▬▪ ▬ ▪▪▬ ▬▬ ▪ ▬▪ ▬▬▬ ▪ ▬ ▬ ▪▬▬ ▪ ▬▬▪ ▬ ▪▪▬ ▬▬ ▪ ▬▪ ▬▬▬ ▪ ▬ ▬ ▪▬▬ ▪ ▬▬▪ ▬ ▪▪▬ ▬▬ ▪ ▬▪ ▬▬▬ ▪ ▬ ▬ ▪▬▬ ▪ ▬▬▪ ▬ ▪▪▬ ▬▬ ▪ ▬▪ ▬▬▬ ▪ ▬ ▬ ▪▬▬ ▪ ▬▬▪ ▬ ▪▪▬ ▬▬ ▪ ▬▪ ▬▬▬ ▪ ▬ ▬ ▪▬▬ ▪ ▬▬▪ ▬ ▪▪▬ ▬▬ ▪ ▬▪ ▬▬▬ ▪ ▬ ▬ ▪▬▬ ▪ ▬▬▪ ▬ ▪▪▬ ▬▬ ▪ ▬▪ ▬▬▬ ▪ ▬ ▬ ▪▬▬ ▪ ▬▬▪ ▬ ▪▪▬ ▬▬ ▪ ▬▪ ▬▬▬ ▪ ▬ ▬ ▪▬▬ ▪ ▬▬▪ ▬ ▪▪▬ ▬▬ ▪ ▬▪ ▬▬▬ ▪ ▬ ▬ ▪▬▬ ▪ ▬▬▪ ▬ ▪▪▬ ▬▬ ▪ ▬▪ ▬▬▬ ▪ ▬ ▬ ▪▬▬ ▪ ▬▬
58
شمال نیوز
▬ ▪▬▬ ▪ ▬▬▪ ▬ ▪▪▬ ▬▬ ▪ ▬▪ ▬▬▬ ▪ ▬ ▬ ▪▬▬ ▪ ▬▬▪ ▬ ▪▪▬ ▬▬ ▪ ▬▪ ▬▬▬ ▪ ▬ ▬ ▪▬▬ ▪ ▬▬▪ ▬ ▪▪▬ ▬▬ ▪ ▬▪ ▬▬▬ ▪ ▬ ▬ ▪▬▬ ▪ ▬▬▪ ▬ ▪▪▬ ▬▬ ▪ ▬▪ ▬▬▬ ▪ ▬ ▬ ▪▬▬ ▪ ▬▬▪ ▬ ▪▪▬ ▬▬ ▪ ▬▪ ▬▬▬ ▪ ▬ ▬ ▪▬▬ ▪ ▬▬▪ ▬ ▪▪▬ ▬▬ ▪ ▬▪ ▬▬▬ ▪ ▬ ▬ ▪▬▬ ▪ ▬▬▪ ▬ ▪▪▬ ▬▬ ▪ ▬▪ ▬▬▬ ▪ ▬ ▬ ▪▬▬ ▪ ▬▬▪ ▬ ▪▪▬ ▬▬ ▪ ▬▪ ▬▬▬ ▪ ▬ ▬ ▪▬▬ ▪ ▬▬▪ ▬ ▪▪▬ ▬▬ ▪ ▬▪ ▬▬▬ ▪ ▬ ▬ ▪▬▬ ▪ ▬▬▪ ▬ ▪▪▬ ▬▬ ▪ ▬▪ ▬▬▬ ▪ ▬ ▬ ▪▬▬ ▪ ▬▬▪ ▬ ▪▪▬ ▬▬ ▪ ▬▪ ▬▬▬ ▪ ▬ ▬ ▪▬▬
59
شمال نیوز
▬ ▪▬▬ ▪ ▬▬▪ ▬ ▪▪▬ ▬▬ ▪ ▬▪ ▬▬▬ ▪ ▬ ▬ ▪▬▬ ▪ ▬▬▪ ▬ ▪▪▬ ▬▬ ▪ ▬▪ ▬▬▬ ▪ ▬ ▬ ▪▬▬ ▪ ▬▬▪ ▬ ▪▪▬ ▬▬ ▪ ▬▪ ▬▬▬ ▪ ▬ ▬ ▪▬▬ ▪ ▬▬▪ ▬ ▪▪▬ ▬▬ ▪ ▬▪ ▬▬▬ ▪ ▬ ▬ ▪▬▬ ▪ ▬▬▪ ▬ ▪▪▬ ▬▬ ▪ ▬▪ ▬▬▬ ▪ ▬ ▬ ▪▬▬ ▪ ▬▬▪ ▬ ▪▪▬ ▬▬ ▪ ▬▪ ▬▬▬ ▪ ▬ ▬ ▪▬▬ ▪ ▬▬▪ ▬ ▪▪▬ ▬▬ ▪ ▬▪ ▬▬▬ ▪ ▬ ▬ ▪▬▬ ▪ ▬▬▪ ▬ ▪▪▬ ▬▬ ▪ ▬▪ ▬▬▬ ▪ ▬ ▬ ▪▬▬ ▪ ▬▬▪ ▬ ▪▪▬ ▬▬ ▪ ▬▪ ▬▬▬ ▪ ▬ ▬ ▪▬▬ ▪ ▬▬▪ ▬ ▪▪▬ ▬▬ ▪ ▬▪ ▬▬▬ ▪ ▬ ▬ ▪▬▬ ▪ ▬▬▪ ▬ ▪▪▬ ▬▬ ▪ ▬▪ ▬▬▬ ▪ ▬ ▬ ▪▬▬ ▪ ▬▬▪ ▬ ▪▪▬ ▬▬ ▪ ▬▪ ▬▬▬ ▪ ▬ ▬ ▪▬▬ ▪ ▬▬▪ ▬ ▪▪▬ ▬▬ ▪ ▬▪ ▬▬▬ ▪ ▬ ▬ ▪▬▬ ▪ ▬▬▪ ▬ ▪▪▬ ▬▬ ▪ ▬▪ ▬▬▬ ▪ ▬ ▬ ▪▬▬ ▪ ▬▬▪ ▬ ▪▪▬ ▬▬ ▪ ▬▪ ▬▬▬ ▪ ▬ ▬ ▪▬▬ ▪ ▬▬▪ ▬ ▪▪▬ ▬▬ ▪ ▬▪ ▬▬▬ ▪ ▬ ▬ ▪▬▬ ▪ ▬▬▪ ▬ ▪▪▬ ▬▬ ▪ ▬▪ ▬▬▬ ▪ ▬ ▬ ▪▬▬ ▪ ▬▬▪ ▬ ▪▪▬ ▬▬ ▪ ▬▪ ▬▬▬ ▪ ▬ ▬ ▪▬▬ ▪ ▬▬▪ ▬ ▪▪▬ ▬▬ ▪ ▬▪ ▬▬
60
شمال نیوز
▬ ▪▬▬ ▪ ▬▬▪ ▬ ▪▪▬ ▬▬ ▪ ▬▪ ▬▬▬ ▪ ▬ ▬ ▪▬▬ ▪ ▬▬▪ ▬ ▪▪▬ ▬▬ ▪ ▬▪ ▬▬▬ ▪ ▬ ▬ ▪▬▬ ▪ ▬▬▪ ▬ ▪▪▬ ▬▬ ▪ ▬▪ ▬▬▬ ▪ ▬ ▬ ▪▬▬ ▪ ▬▬▪ ▬ ▪▪▬ ▬▬ ▪ ▬▪ ▬▬▬ ▪ ▬ ▬ ▪▬▬ ▪ ▬▬▪ ▬ ▪▪▬ ▬▬ ▪ ▬▪ ▬▬▬ ▪ ▬ ▬ ▪▬▬ ▪ ▬▬▪ ▬ ▪▪▬ ▬▬ ▪ ▬▪ ▬▬▬ ▪ ▬ ▬ ▪▬▬ ▪ ▬▬▪ ▬ ▪▪▬ ▬▬ ▪ ▬▪ ▬▬▬ ▪ ▬ ▬ ▪▬▬ ▪ ▬▬▪ ▬ ▪▪▬ ▬▬ ▪ ▬▪ ▬▬▬ ▪ ▬ ▬ ▪▬▬ ▪ ▬▬▪ ▬ ▪▪▬ ▬▬ ▪ ▬▪ ▬▬
61
شمال نیوز
▬ ▪▬▬ ▪ ▬▬▪ ▬ ▪▪▬ ▬▬ ▪ ▬▪ ▬▬▬ ▪ ▬ ▬ ▪▬▬ ▪ ▬▬▪ ▬ ▪▪▬ ▬▬ ▪ ▬▪ ▬▬▬ ▪ ▬ ▬ ▪▬▬ ▪ ▬▬▪ ▬ ▪▪▬ ▬▬ ▪ ▬▪ ▬▬▬ ▪ ▬ ▬ ▪▬▬ ▪ ▬▬▪ ▬ ▪▪▬ ▬▬ ▪ ▬▪ ▬▬▬ ▪ ▬ ▬ ▪▬▬ ▪ ▬▬▪ ▬ ▪▪▬ ▬▬ ▪ ▬▪ ▬▬▬ ▪ ▬ ▬ ▪▬▬ ▪ ▬▬▪ ▬ ▪▪▬ ▬▬ ▪ ▬▪ ▬▬▬ ▪ ▬ ▬ ▪▬▬ ▪ ▬▬▪ ▬ ▪▪▬ ▬▬ ▪ ▬▪ ▬▬▬ ▪ ▬ ▬ ▪▬▬ ▪ ▬▬▪ ▬ ▪▪▬ ▬▬ ▪ ▬▪ ▬▬▬ ▪ ▬ ▬ ▪▬▬ ▪ ▬▬▪ ▬ ▪▪▬ ▬▬ ▪ ▬▪ ▬▬▬ ▪ ▬ ▬ ▪▬▬ ▪ ▬▬▪ ▬ ▪▪▬ ▬▬ ▪ ▬▪ ▬▬▬ ▪ ▬ ▬ ▪▬▬ ▪ ▬▬▪ ▬ ▪▪▬ ▬▬ ▪ ▬▪ ▬▬▬ ▪ ▬ ▬ ▪▬▬ ▪ ▬▬▪ ▬ ▪▪▬ ▬▬ ▪ ▬▪ ▬▬▬ ▪ ▬ ▬ ▪▬▬ ▪ ▬▬▪ ▬ ▪▪▬ ▬▬ ▪ ▬▪ ▬▬▬ ▪ ▬ ▬ ▪▬▬ ▪ ▬▬▪ ▬ ▪▪▬ ▬▬ ▪ ▬▪ ▬▬▬ ▪ ▬ ▬ ▪▬▬ ▪ ▬▬▪ ▬ ▪▪▬ ▬▬ ▪ ▬▪ ▬▬▬ ▪ ▬ ▬ ▪▬▬ ▪ ▬▬▪ ▬ ▪▪▬ ▬▬ ▪ ▬▪ ▬▬▬ ▪ ▬ ▬ ▪▬▬ ▪ ▬▬▪ ▬ ▪▪▬ ▬▬ ▪ ▬▪ ▬▬▬ ▪ ▬ ▬ ▪▬▬ ▪ ▬▬▪ ▬ ▪▪▬ ▬▬ ▪ ▬▪ ▬▬▬ ▪ ▬ ▬ ▪▬▬ ▪ ▬▬▪ ▬ ▪▪▬ ▬▬ ▪ ▬▪ ▬▬▬ ▪ ▬ ▬ ▪▬▬ ▪ ▬▬▪ ▬ ▪▪▬ ▬▬ ▪ ▬▪ ▬▬▬ ▪ ▬ ▬ ▪▬▬ ▪ ▬▬▪ ▬ ▪▪▬ ▬▬ ▪ ▬▪ ▬▬▬ ▪ ▬ ▬ ▪▬▬
62
شمال نیوز
▬ ▪▬▬ ▪ ▬▬▪ ▬ ▪▪▬ ▬▬ ▪ ▬▪ ▬▬▬ ▪ ▬ ▬ ▪▬▬ ▪ ▬▬▪ ▬ ▪▪▬ ▬▬ ▪ ▬▪ ▬▬▬ ▪ ▬ ▬ ▪▬▬ ▪ ▬▬▪ ▬ ▪▪▬ ▬▬ ▪ ▬▪ ▬▬▬ ▪ ▬ ▬ ▪▬▬ ▪ ▬▬▪ ▬ ▪▪▬ ▬▬ ▪ ▬▪ ▬▬▬ ▪ ▬ ▬ ▪▬▬ ▪ ▬▬▪ ▬ ▪▪▬ ▬▬ ▪ ▬▪ ▬▬▬ ▪ ▬ ▬ ▪▬▬ ▪ ▬▬▪ ▬ ▪▪▬ ▬▬ ▪ ▬▪ ▬▬▬ ▪ ▬ ▬ ▪▬▬ ▪ ▬▬▪ ▬ ▪▪▬ ▬▬ ▪ ▬▪ ▬▬▬ ▪ ▬ ▬ ▪▬▬ ▪ ▬▬▪ ▬ ▪▪▬ ▬▬ ▪ ▬▪ ▬▬▬ ▪ ▬ ▬ ▪▬▬ ▪ ▬▬▪ ▬ ▪▪▬ ▬▬ ▪ ▬▪ ▬▬▬ ▪ ▬ ▬ ▪▬▬ ▪ ▬▬▪ ▬ ▪▪▬ ▬▬ ▪ ▬▪ ▬▬▬ ▪ ▬ ▬ ▪▬▬ ▪ ▬▬▪ ▬ ▪▪▬ ▬▬ ▪ ▬▪ ▬▬▬ ▪ ▬ ▬ ▪▬▬ ▪ ▬▬▪ ▬ ▪▪▬ ▬▬ ▪ ▬▪ ▬▬▬ ▪ ▬ ▬ ▪▬▬ ▪ ▬▬▪ ▬ ▪▪▬ ▬▬ ▪ ▬▪ ▬▬▬ ▪ ▬ ▬ ▪▬▬ ▪ ▬▬▪ ▬ ▪▪▬
63
شمال نیوز
▬ ▪▬▬ ▪ ▬▬▪ ▬ ▪▪▬ ▬▬ ▪ ▬▪ ▬▬▬ ▪ ▬ ▬ ▪▬▬ ▪ ▬▬▪ ▬ ▪▪▬ ▬▬ ▪ ▬▪ ▬▬▬ ▪ ▬ ▬ ▪▬▬ ▪ ▬▬▪ ▬ ▪▪▬ ▬▬ ▪ ▬▪ ▬▬▬ ▪ ▬ ▬ ▪▬▬ ▪ ▬▬▪ ▬ ▪▪▬ ▬▬ ▪ ▬▪ ▬▬▬ ▪ ▬ ▬ ▪▬▬ ▪ ▬▬▪ ▬ ▪▪▬ ▬▬ ▪ ▬▪ ▬▬▬ ▪ ▬ ▬ ▪▬▬ ▪ ▬▬▪ ▬ ▪▪▬ ▬▬ ▪ ▬▪ ▬▬▬ ▪ ▬ ▬ ▪▬▬ ▪ ▬▬▪ ▬ ▪▪▬ ▬▬ ▪ ▬▪ ▬▬▬ ▪ ▬ ▬ ▪▬▬ ▪ ▬▬▪ ▬ ▪▪▬ ▬▬ ▪ ▬▪ ▬▬▬ ▪ ▬ ▬ ▪▬▬ ▪ ▬▬▪ ▬ ▪▪▬ ▬▬ ▪ ▬▪ ▬▬▬ ▪ ▬ ▬ ▪▬▬ ▪ ▬▬▪ ▬ ▪▪▬ ▬▬ ▪ ▬▪ ▬▬▬ ▪ ▬ ▬ ▪▬▬ ▪ ▬▬▪ ▬ ▪▪▬ ▬▬ ▪ ▬▪ ▬▬▬ ▪ ▬ ▬ ▪▬▬ ▪ ▬▬▪ ▬ ▪▪▬ ▬▬ ▪ ▬▪ ▬▬▬ ▪ ▬ ▬ ▪▬▬ ▪ ▬▬▪ ▬ ▪▪▬ ▬▬ ▪ ▬▪ ▬▬▬ ▪ ▬ ▬ ▪▬▬ ▪ ▬▬▪ ▬ ▪▪▬ ▬▬ ▪ ▬▪ ▬▬▬ ▪ ▬ ▬ ▪▬▬ ▪ ▬▬▪ ▬ ▪▪▬ ▬▬ ▪ ▬▪ ▬▬▬ ▪ ▬ ▬ ▪▬▬ ▪ ▬▬▪ ▬ ▪▪▬ ▬▬ ▪ ▬▪ ▬▬▬ ▪ ▬ ▬ ▪▬▬ ▪ ▬▬▪ ▬ ▪▪
64
شمال نیوز
▬ ▪▬▬ ▪ ▬▬▪ ▬ ▪▪▬ ▬▬ ▪ ▬▪ ▬▬▬ ▪ ▬ ▬ ▪▬▬ ▪ ▬▬▪ ▬ ▪▪▬ ▬▬ ▪ ▬▪ ▬▬▬ ▪ ▬ ▬ ▪▬▬ ▪ ▬▬▪ ▬ ▪▪▬ ▬▬ ▪ ▬▪ ▬▬▬ ▪ ▬ ▬ ▪▬▬ ▪ ▬▬▪ ▬ ▪▪▬ ▬▬ ▪ ▬▪ ▬▬▬ ▪ ▬ ▬ ▪▬▬ ▪ ▬▬▪ ▬ ▪▪▬ ▬▬ ▪ ▬▪ ▬▬▬ ▪ ▬ ▬ ▪▬▬ ▪ ▬▬▪ ▬ ▪▪▬ ▬▬ ▪ ▬▪ ▬▬▬ ▪ ▬ ▬ ▪▬▬ ▪ ▬▬▪ ▬ ▪▪▬ ▬▬ ▪ ▬▪ ▬▬▬ ▪ ▬ ▬ ▪▬▬ ▪ ▬▬▪ ▬ ▪▪▬ ▬▬ ▪ ▬▪ ▬▬▬ ▪ ▬ ▬ ▪▬▬ ▪ ▬▬▪ ▬ ▪▪▬ ▬▬ ▪ ▬▪ ▬▬▬ ▪ ▬ ▬ ▪▬▬ ▪ ▬▬▪ ▬ ▪▪▬ ▬▬ ▪ ▬▪ ▬▬▬ ▪ ▬
65
شمال نیوز
▬ ▪▬▬ ▪ ▬▬▪ ▬ ▪▪▬ ▬▬ ▪ ▬▪ ▬▬▬ ▪ ▬ ▬ ▪▬▬ ▪ ▬▬▪ ▬ ▪▪▬ ▬▬ ▪ ▬▪ ▬▬▬ ▪ ▬ ▬ ▪▬▬ ▪ ▬▬▪ ▬ ▪▪▬ ▬▬ ▪ ▬▪ ▬▬▬ ▪ ▬ ▬ ▪▬▬ ▪ ▬▬▪ ▬ ▪▪▬ ▬▬ ▪ ▬▪ ▬▬▬ ▪ ▬ ▬ ▪▬▬ ▪ ▬▬▪ ▬ ▪▪▬ ▬▬ ▪ ▬▪ ▬▬▬ ▪ ▬ ▬ ▪▬▬ ▪ ▬▬▪ ▬ ▪▪▬ ▬▬ ▪ ▬▪ ▬▬▬ ▪ ▬ ▬ ▪▬▬ ▪ ▬▬▪ ▬ ▪▪▬ ▬▬ ▪ ▬▪ ▬▬▬ ▪ ▬ ▬ ▪▬▬ ▪ ▬▬▪ ▬ ▪▪▬ ▬▬ ▪ ▬▪ ▬▬▬ ▪ ▬ ▬ ▪▬▬ ▪ ▬▬▪ ▬ ▪▪▬ ▬▬ ▪ ▬▪ ▬▬▬ ▪ ▬ ▬ ▪▬▬ ▪ ▬▬▪ ▬ ▪▪▬ ▬▬ ▪ ▬▪ ▬▬▬ ▪ ▬ ▬ ▪▬▬ ▪ ▬▬▪ ▬ ▪▪▬ ▬▬ ▪ ▬▪ ▬▬▬ ▪ ▬ ▬ ▪▬▬ ▪ ▬▬▪ ▬ ▪▪▬ ▬▬ ▪ ▬▪ ▬▬▬ ▪ ▬ ▬ ▪▬▬ ▪ ▬▬▪ ▬ ▪▪▬ ▬▬ ▪ ▬▪ ▬▬▬ ▪ ▬ ▬ ▪▬▬ ▪ ▬▬▪ ▬ ▪▪▬ ▬▬ ▪ ▬▪ ▬▬▬ ▪ ▬ ▬ ▪▬▬ ▪ ▬▬▪ ▬ ▪▪▬ ▬▬ ▪ ▬▪ ▬▬▬ ▪ ▬ ▬ ▪▬▬ ▪ ▬▬
66
شمال نیوز
▬ ▪▬▬ ▪ ▬▬▪ ▬ ▪▪▬ ▬▬ ▪ ▬▪ ▬▬▬ ▪ ▬ ▬ ▪▬▬ ▪ ▬▬▪ ▬ ▪▪▬ ▬▬ ▪ ▬▪ ▬▬▬ ▪ ▬ ▬ ▪▬▬ ▪ ▬▬▪ ▬ ▪▪▬ ▬▬ ▪ ▬▪ ▬▬▬ ▪ ▬ ▬ ▪▬▬ ▪ ▬▬▪ ▬ ▪▪▬ ▬▬ ▪ ▬▪ ▬▬▬ ▪ ▬ ▬ ▪▬▬ ▪ ▬▬▪ ▬ ▪▪▬ ▬▬ ▪ ▬▪ ▬▬▬ ▪ ▬ ▬ ▪▬▬ ▪ ▬▬▪ ▬ ▪▪▬ ▬▬ ▪ ▬▪ ▬▬▬ ▪ ▬ ▬ ▪▬▬ ▪ ▬▬▪ ▬ ▪▪▬ ▬▬ ▪ ▬▪ ▬▬▬ ▪ ▬ ▬ ▪▬▬ ▪ ▬▬▪ ▬ ▪▪▬ ▬▬ ▪ ▬▪ ▬▬▬ ▪ ▬ ▬ ▪▬▬ ▪ ▬▬▪ ▬ ▪▪▬ ▬▬ ▪ ▬▪ ▬▬▬ ▪ ▬ ▬ ▪▬▬ ▪ ▬▬▪ ▬ ▪▪▬ ▬▬ ▪ ▬▪ ▬▬▬ ▪ ▬ ▬ ▪▬▬ ▪ ▬▬▪ ▬ ▪▪▬ ▬▬ ▪ ▬▪ ▬▬▬ ▪ ▬ ▬ ▪▬▬
67
شمال نیوز
▬ ▪▬▬ ▪ ▬▬▪ ▬ ▪▪▬ ▬▬ ▪ ▬▪ ▬▬▬ ▪ ▬ ▬ ▪▬▬ ▪ ▬▬▪ ▬ ▪▪▬ ▬▬ ▪ ▬▪ ▬▬▬ ▪ ▬ ▬ ▪▬▬ ▪ ▬▬▪ ▬ ▪▪▬ ▬▬ ▪ ▬▪ ▬▬▬ ▪ ▬ ▬ ▪▬▬ ▪ ▬▬▪ ▬ ▪▪▬ ▬▬ ▪ ▬▪ ▬▬▬ ▪ ▬ ▬ ▪▬▬ ▪ ▬▬▪ ▬ ▪▪▬ ▬▬ ▪ ▬▪ ▬▬▬ ▪ ▬ ▬ ▪▬▬ ▪ ▬▬▪ ▬ ▪▪▬ ▬▬ ▪ ▬▪ ▬▬▬ ▪ ▬ ▬ ▪▬▬ ▪ ▬▬▪ ▬ ▪▪▬ ▬▬ ▪ ▬▪ ▬▬▬ ▪ ▬ ▬ ▪▬▬ ▪ ▬▬▪ ▬ ▪▪▬ ▬▬ ▪ ▬▪ ▬▬▬ ▪ ▬ ▬ ▪▬▬ ▪ ▬▬▪ ▬ ▪▪▬ ▬▬ ▪ ▬▪ ▬▬▬ ▪ ▬ ▬ ▪▬▬ ▪ ▬▬▪ ▬ ▪▪▬ ▬▬ ▪ ▬▪ ▬▬▬ ▪ ▬ ▬ ▪▬▬ ▪ ▬▬▪ ▬ ▪▪▬ ▬▬ ▪ ▬▪ ▬▬▬ ▪ ▬ ▬ ▪▬▬ ▪ ▬▬▪ ▬ ▪▪▬ ▬▬ ▪ ▬▪ ▬▬▬ ▪ ▬ ▬ ▪▬▬ ▪ ▬▬▪ ▬ ▪▪▬ ▬▬ ▪ ▬▪ ▬▬▬ ▪ ▬ ▬ ▪▬▬ ▪ ▬▬▪ ▬ ▪▪▬ ▬▬ ▪ ▬▪ ▬▬▬ ▪ ▬ ▬ ▪▬▬ ▪ ▬▬▪ ▬ ▪▪▬ ▬▬ ▪ ▬▪ ▬▬▬ ▪ ▬ ▬ ▪▬▬ ▪ ▬▬▪ ▬ ▪▪▬ ▬▬ ▪ ▬▪ ▬▬▬ ▪ ▬ ▬ ▪▬▬ ▪ ▬▬▪ ▬ ▪▪▬ ▬▬ ▪ ▬▪ ▬▬▬ ▪ ▬ ▬ ▪▬▬ ▪ ▬▬▪ ▬ ▪▪▬ ▬▬ ▪ ▬▪ ▬▬▬ ▪ ▬ ▬ ▪▬▬ ▪ ▬▬▪ ▬ ▪▪▬ ▬▬ ▪ ▬▪ ▬▬
68
شمال نیوز
▬ ▪▬▬ ▪ ▬▬▪ ▬ ▪▪▬ ▬▬ ▪ ▬▪ ▬▬▬ ▪ ▬ ▬ ▪▬▬ ▪ ▬▬▪ ▬ ▪▪▬ ▬▬ ▪ ▬▪ ▬▬▬ ▪ ▬ ▬ ▪▬▬ ▪ ▬▬▪ ▬ ▪▪▬ ▬▬ ▪ ▬▪ ▬▬▬ ▪ ▬ ▬ ▪▬▬ ▪ ▬▬▪ ▬ ▪▪▬ ▬▬ ▪ ▬▪ ▬▬▬ ▪ ▬ ▬ ▪▬▬ ▪ ▬▬▪ ▬ ▪▪▬ ▬▬ ▪ ▬▪ ▬▬▬ ▪ ▬ ▬ ▪▬▬ ▪ ▬▬▪ ▬ ▪▪▬ ▬▬ ▪ ▬▪ ▬▬▬ ▪ ▬ ▬ ▪▬▬ ▪ ▬▬▪ ▬ ▪▪▬ ▬▬ ▪ ▬▪ ▬▬▬ ▪ ▬ ▬ ▪▬▬ ▪ ▬▬▪ ▬ ▪▪▬ ▬▬ ▪ ▬▪ ▬▬▬ ▪ ▬ ▬ ▪▬▬ ▪ ▬▬▪ ▬ ▪▪▬ ▬▬ ▪ ▬▪ ▬▬
69
شمال نیوز
▬ ▪▬▬ ▪ ▬▬▪ ▬ ▪▪▬ ▬▬ ▪ ▬▪ ▬▬▬ ▪ ▬ ▬ ▪▬▬ ▪ ▬▬▪ ▬ ▪▪▬ ▬▬ ▪ ▬▪ ▬▬▬ ▪ ▬ ▬ ▪▬▬ ▪ ▬▬▪ ▬ ▪▪▬ ▬▬ ▪ ▬▪ ▬▬▬ ▪ ▬ ▬ ▪▬▬ ▪ ▬▬▪ ▬ ▪▪▬ ▬▬ ▪ ▬▪ ▬▬▬ ▪ ▬ ▬ ▪▬▬ ▪ ▬▬▪ ▬ ▪▪▬ ▬▬ ▪ ▬▪ ▬▬▬ ▪ ▬ ▬ ▪▬▬ ▪ ▬▬▪ ▬ ▪▪▬ ▬▬ ▪ ▬▪ ▬▬▬ ▪ ▬ ▬ ▪▬▬ ▪ ▬▬▪ ▬ ▪▪▬ ▬▬ ▪ ▬▪ ▬▬▬ ▪ ▬ ▬ ▪▬▬ ▪ ▬▬▪ ▬ ▪▪▬ ▬▬ ▪ ▬▪ ▬▬▬ ▪ ▬ ▬ ▪▬▬ ▪ ▬▬▪ ▬ ▪▪▬ ▬▬ ▪ ▬▪ ▬▬▬ ▪ ▬ ▬ ▪▬▬ ▪ ▬▬▪ ▬ ▪▪▬ ▬▬ ▪ ▬▪ ▬▬▬ ▪ ▬ ▬ ▪▬▬ ▪ ▬▬▪ ▬ ▪▪▬ ▬▬ ▪ ▬▪ ▬▬▬ ▪ ▬ ▬ ▪▬▬ ▪ ▬▬▪ ▬ ▪▪▬ ▬▬ ▪ ▬▪ ▬▬▬ ▪ ▬ ▬ ▪▬▬ ▪ ▬▬▪ ▬ ▪▪▬ ▬▬ ▪ ▬▪ ▬▬▬ ▪ ▬ ▬ ▪▬▬ ▪ ▬▬▪ ▬ ▪▪▬ ▬▬ ▪ ▬▪ ▬▬▬ ▪ ▬ ▬ ▪▬▬ ▪ ▬▬▪ ▬ ▪▪▬ ▬▬ ▪ ▬▪ ▬▬▬ ▪ ▬ ▬ ▪▬▬ ▪ ▬▬▪ ▬ ▪▪▬ ▬▬ ▪ ▬▪ ▬▬▬ ▪ ▬ ▬ ▪▬▬ ▪ ▬▬▪ ▬ ▪▪▬ ▬▬ ▪ ▬▪ ▬▬▬ ▪ ▬ ▬ ▪▬▬ ▪ ▬▬▪ ▬ ▪▪▬ ▬▬ ▪ ▬▪ ▬▬▬ ▪ ▬ ▬ ▪▬▬ ▪ ▬▬▪ ▬ ▪▪▬ ▬▬ ▪ ▬▪ ▬▬▬ ▪ ▬ ▬ ▪▬▬ ▪ ▬▬▪ ▬ ▪▪▬ ▬▬ ▪ ▬▪ ▬▬▬ ▪ ▬ ▬ ▪▬▬ ▪ ▬▬▪ ▬ ▪▪▬ ▬▬ ▪ ▬▪ ▬▬▬ ▪ ▬ ▬ ▪▬▬
★★★★★
بیان حلفی برائے وراثت انتقال
▬ ▪▬▬ ▪ ▬▬▪ ▬ ▪▪▬ ▬▬ ▪ ▬▪ ▬▬▬ ▪ ▬ ▬ ▪▬▬ ▪ ▬▬▪ ▬ ▪▪▬ ▬▬ ▪ ▬▪ ▬▬▬ ▪ ▬ ▬ ▪▬▬ ▪ ▬▬▪ ▬ ▪▪▬ ▬▬ ▪ ▬▪ ▬▬▬ ▪ ▬ ▬ ▪▬▬ ▪ ▬▬▪ ▬ ▪▪▬ ▬▬ ▪ ▬▪ ▬▬▬ ▪ ▬ ▬ ▪▬▬ ▪ ▬▬▪ ▬ ▪▪▬ ▬▬ ▪ ▬▪ ▬▬▬ ▪ ▬ ▬ ▪▬▬ ▪ ▬▬▪ ▬ ▪▪▬ ▬▬ ▪ ▬▪ ▬▬▬ ▪ ▬ ▬ ▪▬▬ ▪ ▬▬▪ ▬ ▪▪▬ ▬▬ ▪ ▬▪ ▬▬▬ ▪ ▬ ▬ ▪▬▬ ▪ ▬▬▪ ▬ ▪▪▬ ▬▬ ▪ ▬▪ ▬▬▬ ▪ ▬ ▬ ▪▬▬ ▪ ▬▬▪ ▬ ▪▪▬ ▬▬ ▪ ▬▪ ▬▬▬ ▪ ▬ ▬ ▪▬▬ ▪ ▬▬▪ ▬ ▪▪▬ ▬▬ ▪ ▬▪ ▬▬▬ ▪ ▬ ▬ ▪▬▬ ▪ ▬▬▪ ▬ ▪▪▬ ▬▬ ▪ ▬▪ ▬▬▬ ▪ ▬ ▬ ▪▬▬ ▪ ▬▬▪ ▬ ▪▪▬ ▬▬ ▪ ▬▪ ▬▬▬ ▪ ▬ ▬ ▪▬▬ ▪ ▬▬▪
المشتہر
▬ ▪▬▬ ▪ ▬▬▪ ▬ ▪▪▬ ▬▬ ▪ ▬▪ ▬▬▬ ▪ ▬ ▬ ▪▬▬ ▪ ▬▬▪ ▬ ▪▪▬ ▬▬ ▪ ▬▪ ▬▬▬ ▪ ▬ ▬ ▪▬▬ ▪ ▬▬▪ ▬ ▪▪▬ ▬▬ ▪
بیان حلفی برائے وراثت انتقال
▬ ▪▬▬ ▪ ▬▬▪ ▬ ▪▪▬ ▬▬ ▪ ▬▪ ▬▬▬ ▪ ▬ ▬ ▪▬▬ ▪ ▬▬▪ ▬ ▪▪▬ ▬▬ ▪ ▬▪ ▬▬▬ ▪ ▬ ▬ ▪▬▬ ▪ ▬▬▪ ▬ ▪▪▬ ▬▬ ▪ ▬▪ ▬▬▬ ▪ ▬ ▬ ▪▬▬ ▪ ▬▬▪ ▬ ▪▪▬ ▬▬ ▪ ▬▪ ▬▬▬ ▪ ▬ ▬ ▪▬▬ ▪ ▬▬▪ ▬ ▪▪▬ ▬▬ ▪ ▬▪ ▬▬▬ ▪ ▬ ▬ ▪▬▬ ▪ ▬▬▪ ▬ ▪▪▬ ▬▬ ▪ ▬▪ ▬▬▬ ▪ ▬ ▬ ▪▬▬ ▪ ▬▬▪ ▬ ▪▪▬ ▬▬ ▪ ▬▪ ▬▬▬ ▪ ▬ ▬ ▪▬▬ ▪ ▬▬▪ ▬ ▪▪▬ ▬▬ ▪ ▬▪ ▬▬▬ ▪ ▬ ▬ ▪▬▬ ▪ ▬▬▪ ▬ ▪▪▬ ▬▬ ▪ ▬▪ ▬▬▬ ▪ ▬ ▬ ▪▬▬ ▪ ▬▬▪ ▬ ▪▪▬ ▬▬ ▪ ▬▪ ▬▬▬ ▪ ▬ ▬ ▪▬▬ ▪ ▬▬▪ ▬ ▪▪▬ ▬▬ ▪ ▬▪ ▬▬▬ ▪ ▬ ▬ ▪▬▬ ▪ ▬▬▪ ▬ ▪▪▬ ▬▬ ▪ ▬▪ ▬▬▬ ▪ ▬ ▬ ▪▬▬ ▪ ▬▬▪
